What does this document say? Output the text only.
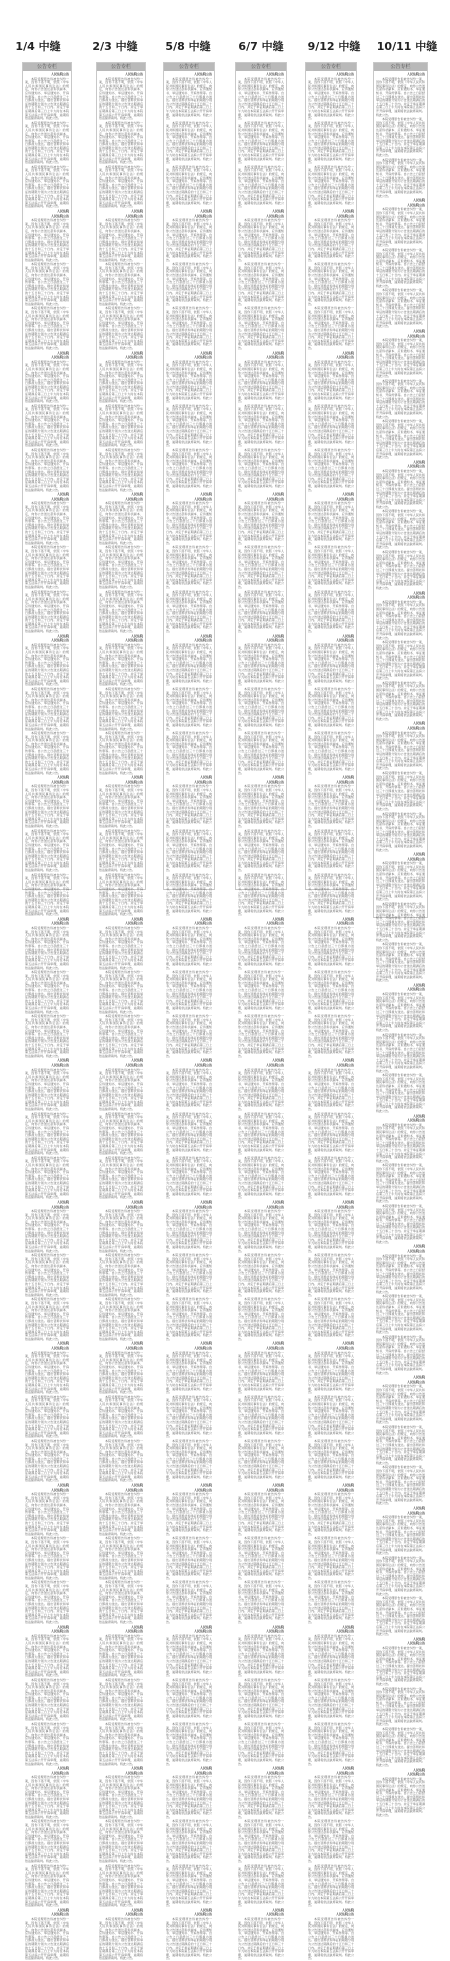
1/4 中缝	2/3 中缝	5/8 中缝	6/7 中缝	9/12 中缝	10/11 中缝
公告专栏

人民法院公告

本院受理原告诉被告纠纷一案，因你下落不明，依照《中华人民共和国民事诉讼法》的规定，向你公告送达起诉状副本、应诉通知书、举证通知书、开庭传票等。自公告之日起经过三十日即视为送达。提出答辩状和举证的期限分别为公告送达期满后的十五日和三十日内。并定于举证期满后第三日上午九时在本院第五法庭公开开庭审理，逾期将依法缺席裁判。特此公告。

本院受理原告诉被告纠纷一案，因你下落不明，依照《中华人民共和国民事诉讼法》的规定，向你公告送达起诉状副本、应诉通知书、举证通知书、开庭传票等。自公告之日起经过三十日即视为送达。提出答辩状和举证的期限分别为公告送达期满后的十五日和三十日内。并定于举证期满后第三日上午九时在本院第五法庭公开开庭审理，逾期将依法缺席裁判。特此公告。

本院受理原告诉被告纠纷一案，因你下落不明，依照《中华人民共和国民事诉讼法》的规定，向你公告送达起诉状副本、应诉通知书、举证通知书、开庭传票等。自公告之日起经过三十日即视为送达。提出答辩状和举证的期限分别为公告送达期满后的十五日和三十日内。并定于举证期满后第三日上午九时在本院第五法庭公开开庭审理，逾期将依法缺席裁判。特此公告。

人民法院

人民法院公告

本院受理原告诉被告纠纷一案，因你下落不明，依照《中华人民共和国民事诉讼法》的规定，向你公告送达起诉状副本、应诉通知书、举证通知书、开庭传票等。自公告之日起经过三十日即视为送达。提出答辩状和举证的期限分别为公告送达期满后的十五日和三十日内。并定于举证期满后第三日上午九时在本院第五法庭公开开庭审理，逾期将依法缺席裁判。特此公告。

本院受理原告诉被告纠纷一案，因你下落不明，依照《中华人民共和国民事诉讼法》的规定，向你公告送达起诉状副本、应诉通知书、举证通知书、开庭传票等。自公告之日起经过三十日即视为送达。提出答辩状和举证的期限分别为公告送达期满后的十五日和三十日内。并定于举证期满后第三日上午九时在本院第五法庭公开开庭审理，逾期将依法缺席裁判。特此公告。

本院受理原告诉被告纠纷一案，因你下落不明，依照《中华人民共和国民事诉讼法》的规定，向你公告送达起诉状副本、应诉通知书、举证通知书、开庭传票等。自公告之日起经过三十日即视为送达。提出答辩状和举证的期限分别为公告送达期满后的十五日和三十日内。并定于举证期满后第三日上午九时在本院第五法庭公开开庭审理，逾期将依法缺席裁判。特此公告。

人民法院

人民法院公告

本院受理原告诉被告纠纷一案，因你下落不明，依照《中华人民共和国民事诉讼法》的规定，向你公告送达起诉状副本、应诉通知书、举证通知书、开庭传票等。自公告之日起经过三十日即视为送达。提出答辩状和举证的期限分别为公告送达期满后的十五日和三十日内。并定于举证期满后第三日上午九时在本院第五法庭公开开庭审理，逾期将依法缺席裁判。特此公告。

本院受理原告诉被告纠纷一案，因你下落不明，依照《中华人民共和国民事诉讼法》的规定，向你公告送达起诉状副本、应诉通知书、举证通知书、开庭传票等。自公告之日起经过三十日即视为送达。提出答辩状和举证的期限分别为公告送达期满后的十五日和三十日内。并定于举证期满后第三日上午九时在本院第五法庭公开开庭审理，逾期将依法缺席裁判。特此公告。

本院受理原告诉被告纠纷一案，因你下落不明，依照《中华人民共和国民事诉讼法》的规定，向你公告送达起诉状副本、应诉通知书、举证通知书、开庭传票等。自公告之日起经过三十日即视为送达。提出答辩状和举证的期限分别为公告送达期满后的十五日和三十日内。并定于举证期满后第三日上午九时在本院第五法庭公开开庭审理，逾期将依法缺席裁判。特此公告。

人民法院

人民法院公告

本院受理原告诉被告纠纷一案，因你下落不明，依照《中华人民共和国民事诉讼法》的规定，向你公告送达起诉状副本、应诉通知书、举证通知书、开庭传票等。自公告之日起经过三十日即视为送达。提出答辩状和举证的期限分别为公告送达期满后的十五日和三十日内。并定于举证期满后第三日上午九时在本院第五法庭公开开庭审理，逾期将依法缺席裁判。特此公告。

本院受理原告诉被告纠纷一案，因你下落不明，依照《中华人民共和国民事诉讼法》的规定，向你公告送达起诉状副本、应诉通知书、举证通知书、开庭传票等。自公告之日起经过三十日即视为送达。提出答辩状和举证的期限分别为公告送达期满后的十五日和三十日内。并定于举证期满后第三日上午九时在本院第五法庭公开开庭审理，逾期将依法缺席裁判。特此公告。

本院受理原告诉被告纠纷一案，因你下落不明，依照《中华人民共和国民事诉讼法》的规定，向你公告送达起诉状副本、应诉通知书、举证通知书、开庭传票等。自公告之日起经过三十日即视为送达。提出答辩状和举证的期限分别为公告送达期满后的十五日和三十日内。并定于举证期满后第三日上午九时在本院第五法庭公开开庭审理，逾期将依法缺席裁判。特此公告。

人民法院

人民法院公告

本院受理原告诉被告纠纷一案，因你下落不明，依照《中华人民共和国民事诉讼法》的规定，向你公告送达起诉状副本、应诉通知书、举证通知书、开庭传票等。自公告之日起经过三十日即视为送达。提出答辩状和举证的期限分别为公告送达期满后的十五日和三十日内。并定于举证期满后第三日上午九时在本院第五法庭公开开庭审理，逾期将依法缺席裁判。特此公告。

本院受理原告诉被告纠纷一案，因你下落不明，依照《中华人民共和国民事诉讼法》的规定，向你公告送达起诉状副本、应诉通知书、举证通知书、开庭传票等。自公告之日起经过三十日即视为送达。提出答辩状和举证的期限分别为公告送达期满后的十五日和三十日内。并定于举证期满后第三日上午九时在本院第五法庭公开开庭审理，逾期将依法缺席裁判。特此公告。

本院受理原告诉被告纠纷一案，因你下落不明，依照《中华人民共和国民事诉讼法》的规定，向你公告送达起诉状副本、应诉通知书、举证通知书、开庭传票等。自公告之日起经过三十日即视为送达。提出答辩状和举证的期限分别为公告送达期满后的十五日和三十日内。并定于举证期满后第三日上午九时在本院第五法庭公开开庭审理，逾期将依法缺席裁判。特此公告。

人民法院

人民法院公告

本院受理原告诉被告纠纷一案，因你下落不明，依照《中华人民共和国民事诉讼法》的规定，向你公告送达起诉状副本、应诉通知书、举证通知书、开庭传票等。自公告之日起经过三十日即视为送达。提出答辩状和举证的期限分别为公告送达期满后的十五日和三十日内。并定于举证期满后第三日上午九时在本院第五法庭公开开庭审理，逾期将依法缺席裁判。特此公告。

本院受理原告诉被告纠纷一案，因你下落不明，依照《中华人民共和国民事诉讼法》的规定，向你公告送达起诉状副本、应诉通知书、举证通知书、开庭传票等。自公告之日起经过三十日即视为送达。提出答辩状和举证的期限分别为公告送达期满后的十五日和三十日内。并定于举证期满后第三日上午九时在本院第五法庭公开开庭审理，逾期将依法缺席裁判。特此公告。

本院受理原告诉被告纠纷一案，因你下落不明，依照《中华人民共和国民事诉讼法》的规定，向你公告送达起诉状副本、应诉通知书、举证通知书、开庭传票等。自公告之日起经过三十日即视为送达。提出答辩状和举证的期限分别为公告送达期满后的十五日和三十日内。并定于举证期满后第三日上午九时在本院第五法庭公开开庭审理，逾期将依法缺席裁判。特此公告。

人民法院

人民法院公告

本院受理原告诉被告纠纷一案，因你下落不明，依照《中华人民共和国民事诉讼法》的规定，向你公告送达起诉状副本、应诉通知书、举证通知书、开庭传票等。自公告之日起经过三十日即视为送达。提出答辩状和举证的期限分别为公告送达期满后的十五日和三十日内。并定于举证期满后第三日上午九时在本院第五法庭公开开庭审理，逾期将依法缺席裁判。特此公告。

本院受理原告诉被告纠纷一案，因你下落不明，依照《中华人民共和国民事诉讼法》的规定，向你公告送达起诉状副本、应诉通知书、举证通知书、开庭传票等。自公告之日起经过三十日即视为送达。提出答辩状和举证的期限分别为公告送达期满后的十五日和三十日内。并定于举证期满后第三日上午九时在本院第五法庭公开开庭审理，逾期将依法缺席裁判。特此公告。

本院受理原告诉被告纠纷一案，因你下落不明，依照《中华人民共和国民事诉讼法》的规定，向你公告送达起诉状副本、应诉通知书、举证通知书、开庭传票等。自公告之日起经过三十日即视为送达。提出答辩状和举证的期限分别为公告送达期满后的十五日和三十日内。并定于举证期满后第三日上午九时在本院第五法庭公开开庭审理，逾期将依法缺席裁判。特此公告。

人民法院

人民法院公告

本院受理原告诉被告纠纷一案，因你下落不明，依照《中华人民共和国民事诉讼法》的规定，向你公告送达起诉状副本、应诉通知书、举证通知书、开庭传票等。自公告之日起经过三十日即视为送达。提出答辩状和举证的期限分别为公告送达期满后的十五日和三十日内。并定于举证期满后第三日上午九时在本院第五法庭公开开庭审理，逾期将依法缺席裁判。特此公告。

本院受理原告诉被告纠纷一案，因你下落不明，依照《中华人民共和国民事诉讼法》的规定，向你公告送达起诉状副本、应诉通知书、举证通知书、开庭传票等。自公告之日起经过三十日即视为送达。提出答辩状和举证的期限分别为公告送达期满后的十五日和三十日内。并定于举证期满后第三日上午九时在本院第五法庭公开开庭审理，逾期将依法缺席裁判。特此公告。

本院受理原告诉被告纠纷一案，因你下落不明，依照《中华人民共和国民事诉讼法》的规定，向你公告送达起诉状副本、应诉通知书、举证通知书、开庭传票等。自公告之日起经过三十日即视为送达。提出答辩状和举证的期限分别为公告送达期满后的十五日和三十日内。并定于举证期满后第三日上午九时在本院第五法庭公开开庭审理，逾期将依法缺席裁判。特此公告。

人民法院

人民法院公告

本院受理原告诉被告纠纷一案，因你下落不明，依照《中华人民共和国民事诉讼法》的规定，向你公告送达起诉状副本、应诉通知书、举证通知书、开庭传票等。自公告之日起经过三十日即视为送达。提出答辩状和举证的期限分别为公告送达期满后的十五日和三十日内。并定于举证期满后第三日上午九时在本院第五法庭公开开庭审理，逾期将依法缺席裁判。特此公告。

本院受理原告诉被告纠纷一案，因你下落不明，依照《中华人民共和国民事诉讼法》的规定，向你公告送达起诉状副本、应诉通知书、举证通知书、开庭传票等。自公告之日起经过三十日即视为送达。提出答辩状和举证的期限分别为公告送达期满后的十五日和三十日内。并定于举证期满后第三日上午九时在本院第五法庭公开开庭审理，逾期将依法缺席裁判。特此公告。

本院受理原告诉被告纠纷一案，因你下落不明，依照《中华人民共和国民事诉讼法》的规定，向你公告送达起诉状副本、应诉通知书、举证通知书、开庭传票等。自公告之日起经过三十日即视为送达。提出答辩状和举证的期限分别为公告送达期满后的十五日和三十日内。并定于举证期满后第三日上午九时在本院第五法庭公开开庭审理，逾期将依法缺席裁判。特此公告。

人民法院

人民法院公告

本院受理原告诉被告纠纷一案，因你下落不明，依照《中华人民共和国民事诉讼法》的规定，向你公告送达起诉状副本、应诉通知书、举证通知书、开庭传票等。自公告之日起经过三十日即视为送达。提出答辩状和举证的期限分别为公告送达期满后的十五日和三十日内。并定于举证期满后第三日上午九时在本院第五法庭公开开庭审理，逾期将依法缺席裁判。特此公告。

本院受理原告诉被告纠纷一案，因你下落不明，依照《中华人民共和国民事诉讼法》的规定，向你公告送达起诉状副本、应诉通知书、举证通知书、开庭传票等。自公告之日起经过三十日即视为送达。提出答辩状和举证的期限分别为公告送达期满后的十五日和三十日内。并定于举证期满后第三日上午九时在本院第五法庭公开开庭审理，逾期将依法缺席裁判。特此公告。

本院受理原告诉被告纠纷一案，因你下落不明，依照《中华人民共和国民事诉讼法》的规定，向你公告送达起诉状副本、应诉通知书、举证通知书、开庭传票等。自公告之日起经过三十日即视为送达。提出答辩状和举证的期限分别为公告送达期满后的十五日和三十日内。并定于举证期满后第三日上午九时在本院第五法庭公开开庭审理，逾期将依法缺席裁判。特此公告。

人民法院

人民法院公告

本院受理原告诉被告纠纷一案，因你下落不明，依照《中华人民共和国民事诉讼法》的规定，向你公告送达起诉状副本、应诉通知书、举证通知书、开庭传票等。自公告之日起经过三十日即视为送达。提出答辩状和举证的期限分别为公告送达期满后的十五日和三十日内。并定于举证期满后第三日上午九时在本院第五法庭公开开庭审理，逾期将依法缺席裁判。特此公告。

本院受理原告诉被告纠纷一案，因你下落不明，依照《中华人民共和国民事诉讼法》的规定，向你公告送达起诉状副本、应诉通知书、举证通知书、开庭传票等。自公告之日起经过三十日即视为送达。提出答辩状和举证的期限分别为公告送达期满后的十五日和三十日内。并定于举证期满后第三日上午九时在本院第五法庭公开开庭审理，逾期将依法缺席裁判。特此公告。

本院受理原告诉被告纠纷一案，因你下落不明，依照《中华人民共和国民事诉讼法》的规定，向你公告送达起诉状副本、应诉通知书、举证通知书、开庭传票等。自公告之日起经过三十日即视为送达。提出答辩状和举证的期限分别为公告送达期满后的十五日和三十日内。并定于举证期满后第三日上午九时在本院第五法庭公开开庭审理，逾期将依法缺席裁判。特此公告。

人民法院

人民法院公告

本院受理原告诉被告纠纷一案，因你下落不明，依照《中华人民共和国民事诉讼法》的规定，向你公告送达起诉状副本、应诉通知书、举证通知书、开庭传票等。自公告之日起经过三十日即视为送达。提出答辩状和举证的期限分别为公告送达期满后的十五日和三十日内。并定于举证期满后第三日上午九时在本院第五法庭公开开庭审理，逾期将依法缺席裁判。特此公告。

本院受理原告诉被告纠纷一案，因你下落不明，依照《中华人民共和国民事诉讼法》的规定，向你公告送达起诉状副本、应诉通知书、举证通知书、开庭传票等。自公告之日起经过三十日即视为送达。提出答辩状和举证的期限分别为公告送达期满后的十五日和三十日内。并定于举证期满后第三日上午九时在本院第五法庭公开开庭审理，逾期将依法缺席裁判。特此公告。

本院受理原告诉被告纠纷一案，因你下落不明，依照《中华人民共和国民事诉讼法》的规定，向你公告送达起诉状副本、应诉通知书、举证通知书、开庭传票等。自公告之日起经过三十日即视为送达。提出答辩状和举证的期限分别为公告送达期满后的十五日和三十日内。并定于举证期满后第三日上午九时在本院第五法庭公开开庭审理，逾期将依法缺席裁判。特此公告。

人民法院

人民法院公告

本院受理原告诉被告纠纷一案，因你下落不明，依照《中华人民共和国民事诉讼法》的规定，向你公告送达起诉状副本、应诉通知书、举证通知书、开庭传票等。自公告之日起经过三十日即视为送达。提出答辩状和举证的期限分别为公告送达期满后的十五日和三十日内。并定于举证期满后第三日上午九时在本院第五法庭公开开庭审理，逾期将依法缺席裁判。特此公告。

本院受理原告诉被告纠纷一案，因你下落不明，依照《中华人民共和国民事诉讼法》的规定，向你公告送达起诉状副本、应诉通知书、举证通知书、开庭传票等。自公告之日起经过三十日即视为送达。提出答辩状和举证的期限分别为公告送达期满后的十五日和三十日内。并定于举证期满后第三日上午九时在本院第五法庭公开开庭审理，逾期将依法缺席裁判。特此公告。

本院受理原告诉被告纠纷一案，因你下落不明，依照《中华人民共和国民事诉讼法》的规定，向你公告送达起诉状副本、应诉通知书、举证通知书、开庭传票等。自公告之日起经过三十日即视为送达。提出答辩状和举证的期限分别为公告送达期满后的十五日和三十日内。并定于举证期满后第三日上午九时在本院第五法庭公开开庭审理，逾期将依法缺席裁判。特此公告。

人民法院

人民法院公告

本院受理原告诉被告纠纷一案，因你下落不明，依照《中华人民共和国民事诉讼法》的规定，向你公告送达起诉状副本、应诉通知书、举证通知书、开庭传票等。自公告之日起经过三十日即视为送达。提出答辩状和举证的期限分别为公告送达期满后的十五日和三十日内。并定于举证期满后第三日上午九时在本院第五法庭公开开庭审理，逾期将依法缺席裁判。特此公告。

公告专栏

人民法院公告

本院受理原告诉被告纠纷一案，因你下落不明，依照《中华人民共和国民事诉讼法》的规定，向你公告送达起诉状副本、应诉通知书、举证通知书、开庭传票等。自公告之日起经过三十日即视为送达。提出答辩状和举证的期限分别为公告送达期满后的十五日和三十日内。并定于举证期满后第三日上午九时在本院第五法庭公开开庭审理，逾期将依法缺席裁判。特此公告。

本院受理原告诉被告纠纷一案，因你下落不明，依照《中华人民共和国民事诉讼法》的规定，向你公告送达起诉状副本、应诉通知书、举证通知书、开庭传票等。自公告之日起经过三十日即视为送达。提出答辩状和举证的期限分别为公告送达期满后的十五日和三十日内。并定于举证期满后第三日上午九时在本院第五法庭公开开庭审理，逾期将依法缺席裁判。特此公告。

本院受理原告诉被告纠纷一案，因你下落不明，依照《中华人民共和国民事诉讼法》的规定，向你公告送达起诉状副本、应诉通知书、举证通知书、开庭传票等。自公告之日起经过三十日即视为送达。提出答辩状和举证的期限分别为公告送达期满后的十五日和三十日内。并定于举证期满后第三日上午九时在本院第五法庭公开开庭审理，逾期将依法缺席裁判。特此公告。

人民法院

人民法院公告

本院受理原告诉被告纠纷一案，因你下落不明，依照《中华人民共和国民事诉讼法》的规定，向你公告送达起诉状副本、应诉通知书、举证通知书、开庭传票等。自公告之日起经过三十日即视为送达。提出答辩状和举证的期限分别为公告送达期满后的十五日和三十日内。并定于举证期满后第三日上午九时在本院第五法庭公开开庭审理，逾期将依法缺席裁判。特此公告。

本院受理原告诉被告纠纷一案，因你下落不明，依照《中华人民共和国民事诉讼法》的规定，向你公告送达起诉状副本、应诉通知书、举证通知书、开庭传票等。自公告之日起经过三十日即视为送达。提出答辩状和举证的期限分别为公告送达期满后的十五日和三十日内。并定于举证期满后第三日上午九时在本院第五法庭公开开庭审理，逾期将依法缺席裁判。特此公告。

本院受理原告诉被告纠纷一案，因你下落不明，依照《中华人民共和国民事诉讼法》的规定，向你公告送达起诉状副本、应诉通知书、举证通知书、开庭传票等。自公告之日起经过三十日即视为送达。提出答辩状和举证的期限分别为公告送达期满后的十五日和三十日内。并定于举证期满后第三日上午九时在本院第五法庭公开开庭审理，逾期将依法缺席裁判。特此公告。

人民法院

人民法院公告

本院受理原告诉被告纠纷一案，因你下落不明，依照《中华人民共和国民事诉讼法》的规定，向你公告送达起诉状副本、应诉通知书、举证通知书、开庭传票等。自公告之日起经过三十日即视为送达。提出答辩状和举证的期限分别为公告送达期满后的十五日和三十日内。并定于举证期满后第三日上午九时在本院第五法庭公开开庭审理，逾期将依法缺席裁判。特此公告。

本院受理原告诉被告纠纷一案，因你下落不明，依照《中华人民共和国民事诉讼法》的规定，向你公告送达起诉状副本、应诉通知书、举证通知书、开庭传票等。自公告之日起经过三十日即视为送达。提出答辩状和举证的期限分别为公告送达期满后的十五日和三十日内。并定于举证期满后第三日上午九时在本院第五法庭公开开庭审理，逾期将依法缺席裁判。特此公告。

本院受理原告诉被告纠纷一案，因你下落不明，依照《中华人民共和国民事诉讼法》的规定，向你公告送达起诉状副本、应诉通知书、举证通知书、开庭传票等。自公告之日起经过三十日即视为送达。提出答辩状和举证的期限分别为公告送达期满后的十五日和三十日内。并定于举证期满后第三日上午九时在本院第五法庭公开开庭审理，逾期将依法缺席裁判。特此公告。

人民法院

人民法院公告

本院受理原告诉被告纠纷一案，因你下落不明，依照《中华人民共和国民事诉讼法》的规定，向你公告送达起诉状副本、应诉通知书、举证通知书、开庭传票等。自公告之日起经过三十日即视为送达。提出答辩状和举证的期限分别为公告送达期满后的十五日和三十日内。并定于举证期满后第三日上午九时在本院第五法庭公开开庭审理，逾期将依法缺席裁判。特此公告。

本院受理原告诉被告纠纷一案，因你下落不明，依照《中华人民共和国民事诉讼法》的规定，向你公告送达起诉状副本、应诉通知书、举证通知书、开庭传票等。自公告之日起经过三十日即视为送达。提出答辩状和举证的期限分别为公告送达期满后的十五日和三十日内。并定于举证期满后第三日上午九时在本院第五法庭公开开庭审理，逾期将依法缺席裁判。特此公告。

本院受理原告诉被告纠纷一案，因你下落不明，依照《中华人民共和国民事诉讼法》的规定，向你公告送达起诉状副本、应诉通知书、举证通知书、开庭传票等。自公告之日起经过三十日即视为送达。提出答辩状和举证的期限分别为公告送达期满后的十五日和三十日内。并定于举证期满后第三日上午九时在本院第五法庭公开开庭审理，逾期将依法缺席裁判。特此公告。

人民法院

人民法院公告

本院受理原告诉被告纠纷一案，因你下落不明，依照《中华人民共和国民事诉讼法》的规定，向你公告送达起诉状副本、应诉通知书、举证通知书、开庭传票等。自公告之日起经过三十日即视为送达。提出答辩状和举证的期限分别为公告送达期满后的十五日和三十日内。并定于举证期满后第三日上午九时在本院第五法庭公开开庭审理，逾期将依法缺席裁判。特此公告。

本院受理原告诉被告纠纷一案，因你下落不明，依照《中华人民共和国民事诉讼法》的规定，向你公告送达起诉状副本、应诉通知书、举证通知书、开庭传票等。自公告之日起经过三十日即视为送达。提出答辩状和举证的期限分别为公告送达期满后的十五日和三十日内。并定于举证期满后第三日上午九时在本院第五法庭公开开庭审理，逾期将依法缺席裁判。特此公告。

本院受理原告诉被告纠纷一案，因你下落不明，依照《中华人民共和国民事诉讼法》的规定，向你公告送达起诉状副本、应诉通知书、举证通知书、开庭传票等。自公告之日起经过三十日即视为送达。提出答辩状和举证的期限分别为公告送达期满后的十五日和三十日内。并定于举证期满后第三日上午九时在本院第五法庭公开开庭审理，逾期将依法缺席裁判。特此公告。

人民法院

人民法院公告

本院受理原告诉被告纠纷一案，因你下落不明，依照《中华人民共和国民事诉讼法》的规定，向你公告送达起诉状副本、应诉通知书、举证通知书、开庭传票等。自公告之日起经过三十日即视为送达。提出答辩状和举证的期限分别为公告送达期满后的十五日和三十日内。并定于举证期满后第三日上午九时在本院第五法庭公开开庭审理，逾期将依法缺席裁判。特此公告。

本院受理原告诉被告纠纷一案，因你下落不明，依照《中华人民共和国民事诉讼法》的规定，向你公告送达起诉状副本、应诉通知书、举证通知书、开庭传票等。自公告之日起经过三十日即视为送达。提出答辩状和举证的期限分别为公告送达期满后的十五日和三十日内。并定于举证期满后第三日上午九时在本院第五法庭公开开庭审理，逾期将依法缺席裁判。特此公告。

本院受理原告诉被告纠纷一案，因你下落不明，依照《中华人民共和国民事诉讼法》的规定，向你公告送达起诉状副本、应诉通知书、举证通知书、开庭传票等。自公告之日起经过三十日即视为送达。提出答辩状和举证的期限分别为公告送达期满后的十五日和三十日内。并定于举证期满后第三日上午九时在本院第五法庭公开开庭审理，逾期将依法缺席裁判。特此公告。

人民法院

人民法院公告

本院受理原告诉被告纠纷一案，因你下落不明，依照《中华人民共和国民事诉讼法》的规定，向你公告送达起诉状副本、应诉通知书、举证通知书、开庭传票等。自公告之日起经过三十日即视为送达。提出答辩状和举证的期限分别为公告送达期满后的十五日和三十日内。并定于举证期满后第三日上午九时在本院第五法庭公开开庭审理，逾期将依法缺席裁判。特此公告。

本院受理原告诉被告纠纷一案，因你下落不明，依照《中华人民共和国民事诉讼法》的规定，向你公告送达起诉状副本、应诉通知书、举证通知书、开庭传票等。自公告之日起经过三十日即视为送达。提出答辩状和举证的期限分别为公告送达期满后的十五日和三十日内。并定于举证期满后第三日上午九时在本院第五法庭公开开庭审理，逾期将依法缺席裁判。特此公告。

本院受理原告诉被告纠纷一案，因你下落不明，依照《中华人民共和国民事诉讼法》的规定，向你公告送达起诉状副本、应诉通知书、举证通知书、开庭传票等。自公告之日起经过三十日即视为送达。提出答辩状和举证的期限分别为公告送达期满后的十五日和三十日内。并定于举证期满后第三日上午九时在本院第五法庭公开开庭审理，逾期将依法缺席裁判。特此公告。

人民法院

人民法院公告

本院受理原告诉被告纠纷一案，因你下落不明，依照《中华人民共和国民事诉讼法》的规定，向你公告送达起诉状副本、应诉通知书、举证通知书、开庭传票等。自公告之日起经过三十日即视为送达。提出答辩状和举证的期限分别为公告送达期满后的十五日和三十日内。并定于举证期满后第三日上午九时在本院第五法庭公开开庭审理，逾期将依法缺席裁判。特此公告。

本院受理原告诉被告纠纷一案，因你下落不明，依照《中华人民共和国民事诉讼法》的规定，向你公告送达起诉状副本、应诉通知书、举证通知书、开庭传票等。自公告之日起经过三十日即视为送达。提出答辩状和举证的期限分别为公告送达期满后的十五日和三十日内。并定于举证期满后第三日上午九时在本院第五法庭公开开庭审理，逾期将依法缺席裁判。特此公告。

本院受理原告诉被告纠纷一案，因你下落不明，依照《中华人民共和国民事诉讼法》的规定，向你公告送达起诉状副本、应诉通知书、举证通知书、开庭传票等。自公告之日起经过三十日即视为送达。提出答辩状和举证的期限分别为公告送达期满后的十五日和三十日内。并定于举证期满后第三日上午九时在本院第五法庭公开开庭审理，逾期将依法缺席裁判。特此公告。

人民法院

人民法院公告

本院受理原告诉被告纠纷一案，因你下落不明，依照《中华人民共和国民事诉讼法》的规定，向你公告送达起诉状副本、应诉通知书、举证通知书、开庭传票等。自公告之日起经过三十日即视为送达。提出答辩状和举证的期限分别为公告送达期满后的十五日和三十日内。并定于举证期满后第三日上午九时在本院第五法庭公开开庭审理，逾期将依法缺席裁判。特此公告。

本院受理原告诉被告纠纷一案，因你下落不明，依照《中华人民共和国民事诉讼法》的规定，向你公告送达起诉状副本、应诉通知书、举证通知书、开庭传票等。自公告之日起经过三十日即视为送达。提出答辩状和举证的期限分别为公告送达期满后的十五日和三十日内。并定于举证期满后第三日上午九时在本院第五法庭公开开庭审理，逾期将依法缺席裁判。特此公告。

本院受理原告诉被告纠纷一案，因你下落不明，依照《中华人民共和国民事诉讼法》的规定，向你公告送达起诉状副本、应诉通知书、举证通知书、开庭传票等。自公告之日起经过三十日即视为送达。提出答辩状和举证的期限分别为公告送达期满后的十五日和三十日内。并定于举证期满后第三日上午九时在本院第五法庭公开开庭审理，逾期将依法缺席裁判。特此公告。

人民法院

人民法院公告

本院受理原告诉被告纠纷一案，因你下落不明，依照《中华人民共和国民事诉讼法》的规定，向你公告送达起诉状副本、应诉通知书、举证通知书、开庭传票等。自公告之日起经过三十日即视为送达。提出答辩状和举证的期限分别为公告送达期满后的十五日和三十日内。并定于举证期满后第三日上午九时在本院第五法庭公开开庭审理，逾期将依法缺席裁判。特此公告。

本院受理原告诉被告纠纷一案，因你下落不明，依照《中华人民共和国民事诉讼法》的规定，向你公告送达起诉状副本、应诉通知书、举证通知书、开庭传票等。自公告之日起经过三十日即视为送达。提出答辩状和举证的期限分别为公告送达期满后的十五日和三十日内。并定于举证期满后第三日上午九时在本院第五法庭公开开庭审理，逾期将依法缺席裁判。特此公告。

本院受理原告诉被告纠纷一案，因你下落不明，依照《中华人民共和国民事诉讼法》的规定，向你公告送达起诉状副本、应诉通知书、举证通知书、开庭传票等。自公告之日起经过三十日即视为送达。提出答辩状和举证的期限分别为公告送达期满后的十五日和三十日内。并定于举证期满后第三日上午九时在本院第五法庭公开开庭审理，逾期将依法缺席裁判。特此公告。

人民法院

人民法院公告

本院受理原告诉被告纠纷一案，因你下落不明，依照《中华人民共和国民事诉讼法》的规定，向你公告送达起诉状副本、应诉通知书、举证通知书、开庭传票等。自公告之日起经过三十日即视为送达。提出答辩状和举证的期限分别为公告送达期满后的十五日和三十日内。并定于举证期满后第三日上午九时在本院第五法庭公开开庭审理，逾期将依法缺席裁判。特此公告。

本院受理原告诉被告纠纷一案，因你下落不明，依照《中华人民共和国民事诉讼法》的规定，向你公告送达起诉状副本、应诉通知书、举证通知书、开庭传票等。自公告之日起经过三十日即视为送达。提出答辩状和举证的期限分别为公告送达期满后的十五日和三十日内。并定于举证期满后第三日上午九时在本院第五法庭公开开庭审理，逾期将依法缺席裁判。特此公告。

本院受理原告诉被告纠纷一案，因你下落不明，依照《中华人民共和国民事诉讼法》的规定，向你公告送达起诉状副本、应诉通知书、举证通知书、开庭传票等。自公告之日起经过三十日即视为送达。提出答辩状和举证的期限分别为公告送达期满后的十五日和三十日内。并定于举证期满后第三日上午九时在本院第五法庭公开开庭审理，逾期将依法缺席裁判。特此公告。

人民法院

人民法院公告

本院受理原告诉被告纠纷一案，因你下落不明，依照《中华人民共和国民事诉讼法》的规定，向你公告送达起诉状副本、应诉通知书、举证通知书、开庭传票等。自公告之日起经过三十日即视为送达。提出答辩状和举证的期限分别为公告送达期满后的十五日和三十日内。并定于举证期满后第三日上午九时在本院第五法庭公开开庭审理，逾期将依法缺席裁判。特此公告。

本院受理原告诉被告纠纷一案，因你下落不明，依照《中华人民共和国民事诉讼法》的规定，向你公告送达起诉状副本、应诉通知书、举证通知书、开庭传票等。自公告之日起经过三十日即视为送达。提出答辩状和举证的期限分别为公告送达期满后的十五日和三十日内。并定于举证期满后第三日上午九时在本院第五法庭公开开庭审理，逾期将依法缺席裁判。特此公告。

本院受理原告诉被告纠纷一案，因你下落不明，依照《中华人民共和国民事诉讼法》的规定，向你公告送达起诉状副本、应诉通知书、举证通知书、开庭传票等。自公告之日起经过三十日即视为送达。提出答辩状和举证的期限分别为公告送达期满后的十五日和三十日内。并定于举证期满后第三日上午九时在本院第五法庭公开开庭审理，逾期将依法缺席裁判。特此公告。

人民法院

人民法院公告

本院受理原告诉被告纠纷一案，因你下落不明，依照《中华人民共和国民事诉讼法》的规定，向你公告送达起诉状副本、应诉通知书、举证通知书、开庭传票等。自公告之日起经过三十日即视为送达。提出答辩状和举证的期限分别为公告送达期满后的十五日和三十日内。并定于举证期满后第三日上午九时在本院第五法庭公开开庭审理，逾期将依法缺席裁判。特此公告。

本院受理原告诉被告纠纷一案，因你下落不明，依照《中华人民共和国民事诉讼法》的规定，向你公告送达起诉状副本、应诉通知书、举证通知书、开庭传票等。自公告之日起经过三十日即视为送达。提出答辩状和举证的期限分别为公告送达期满后的十五日和三十日内。并定于举证期满后第三日上午九时在本院第五法庭公开开庭审理，逾期将依法缺席裁判。特此公告。

本院受理原告诉被告纠纷一案，因你下落不明，依照《中华人民共和国民事诉讼法》的规定，向你公告送达起诉状副本、应诉通知书、举证通知书、开庭传票等。自公告之日起经过三十日即视为送达。提出答辩状和举证的期限分别为公告送达期满后的十五日和三十日内。并定于举证期满后第三日上午九时在本院第五法庭公开开庭审理，逾期将依法缺席裁判。特此公告。

人民法院

人民法院公告

本院受理原告诉被告纠纷一案，因你下落不明，依照《中华人民共和国民事诉讼法》的规定，向你公告送达起诉状副本、应诉通知书、举证通知书、开庭传票等。自公告之日起经过三十日即视为送达。提出答辩状和举证的期限分别为公告送达期满后的十五日和三十日内。并定于举证期满后第三日上午九时在本院第五法庭公开开庭审理，逾期将依法缺席裁判。特此公告。

公告专栏

人民法院公告

本院受理原告诉被告纠纷一案，因你下落不明，依照《中华人民共和国民事诉讼法》的规定，向你公告送达起诉状副本、应诉通知书、举证通知书、开庭传票等。自公告之日起经过三十日即视为送达。提出答辩状和举证的期限分别为公告送达期满后的十五日和三十日内。并定于举证期满后第三日上午九时在本院第五法庭公开开庭审理，逾期将依法缺席裁判。特此公告。

本院受理原告诉被告纠纷一案，因你下落不明，依照《中华人民共和国民事诉讼法》的规定，向你公告送达起诉状副本、应诉通知书、举证通知书、开庭传票等。自公告之日起经过三十日即视为送达。提出答辩状和举证的期限分别为公告送达期满后的十五日和三十日内。并定于举证期满后第三日上午九时在本院第五法庭公开开庭审理，逾期将依法缺席裁判。特此公告。

本院受理原告诉被告纠纷一案，因你下落不明，依照《中华人民共和国民事诉讼法》的规定，向你公告送达起诉状副本、应诉通知书、举证通知书、开庭传票等。自公告之日起经过三十日即视为送达。提出答辩状和举证的期限分别为公告送达期满后的十五日和三十日内。并定于举证期满后第三日上午九时在本院第五法庭公开开庭审理，逾期将依法缺席裁判。特此公告。

人民法院

人民法院公告

本院受理原告诉被告纠纷一案，因你下落不明，依照《中华人民共和国民事诉讼法》的规定，向你公告送达起诉状副本、应诉通知书、举证通知书、开庭传票等。自公告之日起经过三十日即视为送达。提出答辩状和举证的期限分别为公告送达期满后的十五日和三十日内。并定于举证期满后第三日上午九时在本院第五法庭公开开庭审理，逾期将依法缺席裁判。特此公告。

本院受理原告诉被告纠纷一案，因你下落不明，依照《中华人民共和国民事诉讼法》的规定，向你公告送达起诉状副本、应诉通知书、举证通知书、开庭传票等。自公告之日起经过三十日即视为送达。提出答辩状和举证的期限分别为公告送达期满后的十五日和三十日内。并定于举证期满后第三日上午九时在本院第五法庭公开开庭审理，逾期将依法缺席裁判。特此公告。

本院受理原告诉被告纠纷一案，因你下落不明，依照《中华人民共和国民事诉讼法》的规定，向你公告送达起诉状副本、应诉通知书、举证通知书、开庭传票等。自公告之日起经过三十日即视为送达。提出答辩状和举证的期限分别为公告送达期满后的十五日和三十日内。并定于举证期满后第三日上午九时在本院第五法庭公开开庭审理，逾期将依法缺席裁判。特此公告。

人民法院

人民法院公告

本院受理原告诉被告纠纷一案，因你下落不明，依照《中华人民共和国民事诉讼法》的规定，向你公告送达起诉状副本、应诉通知书、举证通知书、开庭传票等。自公告之日起经过三十日即视为送达。提出答辩状和举证的期限分别为公告送达期满后的十五日和三十日内。并定于举证期满后第三日上午九时在本院第五法庭公开开庭审理，逾期将依法缺席裁判。特此公告。

本院受理原告诉被告纠纷一案，因你下落不明，依照《中华人民共和国民事诉讼法》的规定，向你公告送达起诉状副本、应诉通知书、举证通知书、开庭传票等。自公告之日起经过三十日即视为送达。提出答辩状和举证的期限分别为公告送达期满后的十五日和三十日内。并定于举证期满后第三日上午九时在本院第五法庭公开开庭审理，逾期将依法缺席裁判。特此公告。

本院受理原告诉被告纠纷一案，因你下落不明，依照《中华人民共和国民事诉讼法》的规定，向你公告送达起诉状副本、应诉通知书、举证通知书、开庭传票等。自公告之日起经过三十日即视为送达。提出答辩状和举证的期限分别为公告送达期满后的十五日和三十日内。并定于举证期满后第三日上午九时在本院第五法庭公开开庭审理，逾期将依法缺席裁判。特此公告。

人民法院

人民法院公告

本院受理原告诉被告纠纷一案，因你下落不明，依照《中华人民共和国民事诉讼法》的规定，向你公告送达起诉状副本、应诉通知书、举证通知书、开庭传票等。自公告之日起经过三十日即视为送达。提出答辩状和举证的期限分别为公告送达期满后的十五日和三十日内。并定于举证期满后第三日上午九时在本院第五法庭公开开庭审理，逾期将依法缺席裁判。特此公告。

本院受理原告诉被告纠纷一案，因你下落不明，依照《中华人民共和国民事诉讼法》的规定，向你公告送达起诉状副本、应诉通知书、举证通知书、开庭传票等。自公告之日起经过三十日即视为送达。提出答辩状和举证的期限分别为公告送达期满后的十五日和三十日内。并定于举证期满后第三日上午九时在本院第五法庭公开开庭审理，逾期将依法缺席裁判。特此公告。

本院受理原告诉被告纠纷一案，因你下落不明，依照《中华人民共和国民事诉讼法》的规定，向你公告送达起诉状副本、应诉通知书、举证通知书、开庭传票等。自公告之日起经过三十日即视为送达。提出答辩状和举证的期限分别为公告送达期满后的十五日和三十日内。并定于举证期满后第三日上午九时在本院第五法庭公开开庭审理，逾期将依法缺席裁判。特此公告。

人民法院

人民法院公告

本院受理原告诉被告纠纷一案，因你下落不明，依照《中华人民共和国民事诉讼法》的规定，向你公告送达起诉状副本、应诉通知书、举证通知书、开庭传票等。自公告之日起经过三十日即视为送达。提出答辩状和举证的期限分别为公告送达期满后的十五日和三十日内。并定于举证期满后第三日上午九时在本院第五法庭公开开庭审理，逾期将依法缺席裁判。特此公告。

本院受理原告诉被告纠纷一案，因你下落不明，依照《中华人民共和国民事诉讼法》的规定，向你公告送达起诉状副本、应诉通知书、举证通知书、开庭传票等。自公告之日起经过三十日即视为送达。提出答辩状和举证的期限分别为公告送达期满后的十五日和三十日内。并定于举证期满后第三日上午九时在本院第五法庭公开开庭审理，逾期将依法缺席裁判。特此公告。

本院受理原告诉被告纠纷一案，因你下落不明，依照《中华人民共和国民事诉讼法》的规定，向你公告送达起诉状副本、应诉通知书、举证通知书、开庭传票等。自公告之日起经过三十日即视为送达。提出答辩状和举证的期限分别为公告送达期满后的十五日和三十日内。并定于举证期满后第三日上午九时在本院第五法庭公开开庭审理，逾期将依法缺席裁判。特此公告。

人民法院

人民法院公告

本院受理原告诉被告纠纷一案，因你下落不明，依照《中华人民共和国民事诉讼法》的规定，向你公告送达起诉状副本、应诉通知书、举证通知书、开庭传票等。自公告之日起经过三十日即视为送达。提出答辩状和举证的期限分别为公告送达期满后的十五日和三十日内。并定于举证期满后第三日上午九时在本院第五法庭公开开庭审理，逾期将依法缺席裁判。特此公告。

本院受理原告诉被告纠纷一案，因你下落不明，依照《中华人民共和国民事诉讼法》的规定，向你公告送达起诉状副本、应诉通知书、举证通知书、开庭传票等。自公告之日起经过三十日即视为送达。提出答辩状和举证的期限分别为公告送达期满后的十五日和三十日内。并定于举证期满后第三日上午九时在本院第五法庭公开开庭审理，逾期将依法缺席裁判。特此公告。

本院受理原告诉被告纠纷一案，因你下落不明，依照《中华人民共和国民事诉讼法》的规定，向你公告送达起诉状副本、应诉通知书、举证通知书、开庭传票等。自公告之日起经过三十日即视为送达。提出答辩状和举证的期限分别为公告送达期满后的十五日和三十日内。并定于举证期满后第三日上午九时在本院第五法庭公开开庭审理，逾期将依法缺席裁判。特此公告。

人民法院

人民法院公告

本院受理原告诉被告纠纷一案，因你下落不明，依照《中华人民共和国民事诉讼法》的规定，向你公告送达起诉状副本、应诉通知书、举证通知书、开庭传票等。自公告之日起经过三十日即视为送达。提出答辩状和举证的期限分别为公告送达期满后的十五日和三十日内。并定于举证期满后第三日上午九时在本院第五法庭公开开庭审理，逾期将依法缺席裁判。特此公告。

本院受理原告诉被告纠纷一案，因你下落不明，依照《中华人民共和国民事诉讼法》的规定，向你公告送达起诉状副本、应诉通知书、举证通知书、开庭传票等。自公告之日起经过三十日即视为送达。提出答辩状和举证的期限分别为公告送达期满后的十五日和三十日内。并定于举证期满后第三日上午九时在本院第五法庭公开开庭审理，逾期将依法缺席裁判。特此公告。

本院受理原告诉被告纠纷一案，因你下落不明，依照《中华人民共和国民事诉讼法》的规定，向你公告送达起诉状副本、应诉通知书、举证通知书、开庭传票等。自公告之日起经过三十日即视为送达。提出答辩状和举证的期限分别为公告送达期满后的十五日和三十日内。并定于举证期满后第三日上午九时在本院第五法庭公开开庭审理，逾期将依法缺席裁判。特此公告。

人民法院

人民法院公告

本院受理原告诉被告纠纷一案，因你下落不明，依照《中华人民共和国民事诉讼法》的规定，向你公告送达起诉状副本、应诉通知书、举证通知书、开庭传票等。自公告之日起经过三十日即视为送达。提出答辩状和举证的期限分别为公告送达期满后的十五日和三十日内。并定于举证期满后第三日上午九时在本院第五法庭公开开庭审理，逾期将依法缺席裁判。特此公告。

本院受理原告诉被告纠纷一案，因你下落不明，依照《中华人民共和国民事诉讼法》的规定，向你公告送达起诉状副本、应诉通知书、举证通知书、开庭传票等。自公告之日起经过三十日即视为送达。提出答辩状和举证的期限分别为公告送达期满后的十五日和三十日内。并定于举证期满后第三日上午九时在本院第五法庭公开开庭审理，逾期将依法缺席裁判。特此公告。

本院受理原告诉被告纠纷一案，因你下落不明，依照《中华人民共和国民事诉讼法》的规定，向你公告送达起诉状副本、应诉通知书、举证通知书、开庭传票等。自公告之日起经过三十日即视为送达。提出答辩状和举证的期限分别为公告送达期满后的十五日和三十日内。并定于举证期满后第三日上午九时在本院第五法庭公开开庭审理，逾期将依法缺席裁判。特此公告。

人民法院

人民法院公告

本院受理原告诉被告纠纷一案，因你下落不明，依照《中华人民共和国民事诉讼法》的规定，向你公告送达起诉状副本、应诉通知书、举证通知书、开庭传票等。自公告之日起经过三十日即视为送达。提出答辩状和举证的期限分别为公告送达期满后的十五日和三十日内。并定于举证期满后第三日上午九时在本院第五法庭公开开庭审理，逾期将依法缺席裁判。特此公告。

本院受理原告诉被告纠纷一案，因你下落不明，依照《中华人民共和国民事诉讼法》的规定，向你公告送达起诉状副本、应诉通知书、举证通知书、开庭传票等。自公告之日起经过三十日即视为送达。提出答辩状和举证的期限分别为公告送达期满后的十五日和三十日内。并定于举证期满后第三日上午九时在本院第五法庭公开开庭审理，逾期将依法缺席裁判。特此公告。

本院受理原告诉被告纠纷一案，因你下落不明，依照《中华人民共和国民事诉讼法》的规定，向你公告送达起诉状副本、应诉通知书、举证通知书、开庭传票等。自公告之日起经过三十日即视为送达。提出答辩状和举证的期限分别为公告送达期满后的十五日和三十日内。并定于举证期满后第三日上午九时在本院第五法庭公开开庭审理，逾期将依法缺席裁判。特此公告。

人民法院

人民法院公告

本院受理原告诉被告纠纷一案，因你下落不明，依照《中华人民共和国民事诉讼法》的规定，向你公告送达起诉状副本、应诉通知书、举证通知书、开庭传票等。自公告之日起经过三十日即视为送达。提出答辩状和举证的期限分别为公告送达期满后的十五日和三十日内。并定于举证期满后第三日上午九时在本院第五法庭公开开庭审理，逾期将依法缺席裁判。特此公告。

本院受理原告诉被告纠纷一案，因你下落不明，依照《中华人民共和国民事诉讼法》的规定，向你公告送达起诉状副本、应诉通知书、举证通知书、开庭传票等。自公告之日起经过三十日即视为送达。提出答辩状和举证的期限分别为公告送达期满后的十五日和三十日内。并定于举证期满后第三日上午九时在本院第五法庭公开开庭审理，逾期将依法缺席裁判。特此公告。

本院受理原告诉被告纠纷一案，因你下落不明，依照《中华人民共和国民事诉讼法》的规定，向你公告送达起诉状副本、应诉通知书、举证通知书、开庭传票等。自公告之日起经过三十日即视为送达。提出答辩状和举证的期限分别为公告送达期满后的十五日和三十日内。并定于举证期满后第三日上午九时在本院第五法庭公开开庭审理，逾期将依法缺席裁判。特此公告。

人民法院

人民法院公告

本院受理原告诉被告纠纷一案，因你下落不明，依照《中华人民共和国民事诉讼法》的规定，向你公告送达起诉状副本、应诉通知书、举证通知书、开庭传票等。自公告之日起经过三十日即视为送达。提出答辩状和举证的期限分别为公告送达期满后的十五日和三十日内。并定于举证期满后第三日上午九时在本院第五法庭公开开庭审理，逾期将依法缺席裁判。特此公告。

本院受理原告诉被告纠纷一案，因你下落不明，依照《中华人民共和国民事诉讼法》的规定，向你公告送达起诉状副本、应诉通知书、举证通知书、开庭传票等。自公告之日起经过三十日即视为送达。提出答辩状和举证的期限分别为公告送达期满后的十五日和三十日内。并定于举证期满后第三日上午九时在本院第五法庭公开开庭审理，逾期将依法缺席裁判。特此公告。

本院受理原告诉被告纠纷一案，因你下落不明，依照《中华人民共和国民事诉讼法》的规定，向你公告送达起诉状副本、应诉通知书、举证通知书、开庭传票等。自公告之日起经过三十日即视为送达。提出答辩状和举证的期限分别为公告送达期满后的十五日和三十日内。并定于举证期满后第三日上午九时在本院第五法庭公开开庭审理，逾期将依法缺席裁判。特此公告。

人民法院

人民法院公告

本院受理原告诉被告纠纷一案，因你下落不明，依照《中华人民共和国民事诉讼法》的规定，向你公告送达起诉状副本、应诉通知书、举证通知书、开庭传票等。自公告之日起经过三十日即视为送达。提出答辩状和举证的期限分别为公告送达期满后的十五日和三十日内。并定于举证期满后第三日上午九时在本院第五法庭公开开庭审理，逾期将依法缺席裁判。特此公告。

本院受理原告诉被告纠纷一案，因你下落不明，依照《中华人民共和国民事诉讼法》的规定，向你公告送达起诉状副本、应诉通知书、举证通知书、开庭传票等。自公告之日起经过三十日即视为送达。提出答辩状和举证的期限分别为公告送达期满后的十五日和三十日内。并定于举证期满后第三日上午九时在本院第五法庭公开开庭审理，逾期将依法缺席裁判。特此公告。

本院受理原告诉被告纠纷一案，因你下落不明，依照《中华人民共和国民事诉讼法》的规定，向你公告送达起诉状副本、应诉通知书、举证通知书、开庭传票等。自公告之日起经过三十日即视为送达。提出答辩状和举证的期限分别为公告送达期满后的十五日和三十日内。并定于举证期满后第三日上午九时在本院第五法庭公开开庭审理，逾期将依法缺席裁判。特此公告。

人民法院

人民法院公告

本院受理原告诉被告纠纷一案，因你下落不明，依照《中华人民共和国民事诉讼法》的规定，向你公告送达起诉状副本、应诉通知书、举证通知书、开庭传票等。自公告之日起经过三十日即视为送达。提出答辩状和举证的期限分别为公告送达期满后的十五日和三十日内。并定于举证期满后第三日上午九时在本院第五法庭公开开庭审理，逾期将依法缺席裁判。特此公告。

本院受理原告诉被告纠纷一案，因你下落不明，依照《中华人民共和国民事诉讼法》的规定，向你公告送达起诉状副本、应诉通知书、举证通知书、开庭传票等。自公告之日起经过三十日即视为送达。提出答辩状和举证的期限分别为公告送达期满后的十五日和三十日内。并定于举证期满后第三日上午九时在本院第五法庭公开开庭审理，逾期将依法缺席裁判。特此公告。

本院受理原告诉被告纠纷一案，因你下落不明，依照《中华人民共和国民事诉讼法》的规定，向你公告送达起诉状副本、应诉通知书、举证通知书、开庭传票等。自公告之日起经过三十日即视为送达。提出答辩状和举证的期限分别为公告送达期满后的十五日和三十日内。并定于举证期满后第三日上午九时在本院第五法庭公开开庭审理，逾期将依法缺席裁判。特此公告。

人民法院

人民法院公告

本院受理原告诉被告纠纷一案，因你下落不明，依照《中华人民共和国民事诉讼法》的规定，向你公告送达起诉状副本、应诉通知书、举证通知书、开庭传票等。自公告之日起经过三十日即视为送达。提出答辩状和举证的期限分别为公告送达期满后的十五日和三十日内。并定于举证期满后第三日上午九时在本院第五法庭公开开庭审理，逾期将依法缺席裁判。特此公告。

公告专栏

人民法院公告

本院受理原告诉被告纠纷一案，因你下落不明，依照《中华人民共和国民事诉讼法》的规定，向你公告送达起诉状副本、应诉通知书、举证通知书、开庭传票等。自公告之日起经过三十日即视为送达。提出答辩状和举证的期限分别为公告送达期满后的十五日和三十日内。并定于举证期满后第三日上午九时在本院第五法庭公开开庭审理，逾期将依法缺席裁判。特此公告。

本院受理原告诉被告纠纷一案，因你下落不明，依照《中华人民共和国民事诉讼法》的规定，向你公告送达起诉状副本、应诉通知书、举证通知书、开庭传票等。自公告之日起经过三十日即视为送达。提出答辩状和举证的期限分别为公告送达期满后的十五日和三十日内。并定于举证期满后第三日上午九时在本院第五法庭公开开庭审理，逾期将依法缺席裁判。特此公告。

本院受理原告诉被告纠纷一案，因你下落不明，依照《中华人民共和国民事诉讼法》的规定，向你公告送达起诉状副本、应诉通知书、举证通知书、开庭传票等。自公告之日起经过三十日即视为送达。提出答辩状和举证的期限分别为公告送达期满后的十五日和三十日内。并定于举证期满后第三日上午九时在本院第五法庭公开开庭审理，逾期将依法缺席裁判。特此公告。

人民法院

人民法院公告

本院受理原告诉被告纠纷一案，因你下落不明，依照《中华人民共和国民事诉讼法》的规定，向你公告送达起诉状副本、应诉通知书、举证通知书、开庭传票等。自公告之日起经过三十日即视为送达。提出答辩状和举证的期限分别为公告送达期满后的十五日和三十日内。并定于举证期满后第三日上午九时在本院第五法庭公开开庭审理，逾期将依法缺席裁判。特此公告。

本院受理原告诉被告纠纷一案，因你下落不明，依照《中华人民共和国民事诉讼法》的规定，向你公告送达起诉状副本、应诉通知书、举证通知书、开庭传票等。自公告之日起经过三十日即视为送达。提出答辩状和举证的期限分别为公告送达期满后的十五日和三十日内。并定于举证期满后第三日上午九时在本院第五法庭公开开庭审理，逾期将依法缺席裁判。特此公告。

本院受理原告诉被告纠纷一案，因你下落不明，依照《中华人民共和国民事诉讼法》的规定，向你公告送达起诉状副本、应诉通知书、举证通知书、开庭传票等。自公告之日起经过三十日即视为送达。提出答辩状和举证的期限分别为公告送达期满后的十五日和三十日内。并定于举证期满后第三日上午九时在本院第五法庭公开开庭审理，逾期将依法缺席裁判。特此公告。

人民法院

人民法院公告

本院受理原告诉被告纠纷一案，因你下落不明，依照《中华人民共和国民事诉讼法》的规定，向你公告送达起诉状副本、应诉通知书、举证通知书、开庭传票等。自公告之日起经过三十日即视为送达。提出答辩状和举证的期限分别为公告送达期满后的十五日和三十日内。并定于举证期满后第三日上午九时在本院第五法庭公开开庭审理，逾期将依法缺席裁判。特此公告。

本院受理原告诉被告纠纷一案，因你下落不明，依照《中华人民共和国民事诉讼法》的规定，向你公告送达起诉状副本、应诉通知书、举证通知书、开庭传票等。自公告之日起经过三十日即视为送达。提出答辩状和举证的期限分别为公告送达期满后的十五日和三十日内。并定于举证期满后第三日上午九时在本院第五法庭公开开庭审理，逾期将依法缺席裁判。特此公告。

本院受理原告诉被告纠纷一案，因你下落不明，依照《中华人民共和国民事诉讼法》的规定，向你公告送达起诉状副本、应诉通知书、举证通知书、开庭传票等。自公告之日起经过三十日即视为送达。提出答辩状和举证的期限分别为公告送达期满后的十五日和三十日内。并定于举证期满后第三日上午九时在本院第五法庭公开开庭审理，逾期将依法缺席裁判。特此公告。

人民法院

人民法院公告

本院受理原告诉被告纠纷一案，因你下落不明，依照《中华人民共和国民事诉讼法》的规定，向你公告送达起诉状副本、应诉通知书、举证通知书、开庭传票等。自公告之日起经过三十日即视为送达。提出答辩状和举证的期限分别为公告送达期满后的十五日和三十日内。并定于举证期满后第三日上午九时在本院第五法庭公开开庭审理，逾期将依法缺席裁判。特此公告。

本院受理原告诉被告纠纷一案，因你下落不明，依照《中华人民共和国民事诉讼法》的规定，向你公告送达起诉状副本、应诉通知书、举证通知书、开庭传票等。自公告之日起经过三十日即视为送达。提出答辩状和举证的期限分别为公告送达期满后的十五日和三十日内。并定于举证期满后第三日上午九时在本院第五法庭公开开庭审理，逾期将依法缺席裁判。特此公告。

本院受理原告诉被告纠纷一案，因你下落不明，依照《中华人民共和国民事诉讼法》的规定，向你公告送达起诉状副本、应诉通知书、举证通知书、开庭传票等。自公告之日起经过三十日即视为送达。提出答辩状和举证的期限分别为公告送达期满后的十五日和三十日内。并定于举证期满后第三日上午九时在本院第五法庭公开开庭审理，逾期将依法缺席裁判。特此公告。

人民法院

人民法院公告

本院受理原告诉被告纠纷一案，因你下落不明，依照《中华人民共和国民事诉讼法》的规定，向你公告送达起诉状副本、应诉通知书、举证通知书、开庭传票等。自公告之日起经过三十日即视为送达。提出答辩状和举证的期限分别为公告送达期满后的十五日和三十日内。并定于举证期满后第三日上午九时在本院第五法庭公开开庭审理，逾期将依法缺席裁判。特此公告。

本院受理原告诉被告纠纷一案，因你下落不明，依照《中华人民共和国民事诉讼法》的规定，向你公告送达起诉状副本、应诉通知书、举证通知书、开庭传票等。自公告之日起经过三十日即视为送达。提出答辩状和举证的期限分别为公告送达期满后的十五日和三十日内。并定于举证期满后第三日上午九时在本院第五法庭公开开庭审理，逾期将依法缺席裁判。特此公告。

本院受理原告诉被告纠纷一案，因你下落不明，依照《中华人民共和国民事诉讼法》的规定，向你公告送达起诉状副本、应诉通知书、举证通知书、开庭传票等。自公告之日起经过三十日即视为送达。提出答辩状和举证的期限分别为公告送达期满后的十五日和三十日内。并定于举证期满后第三日上午九时在本院第五法庭公开开庭审理，逾期将依法缺席裁判。特此公告。

人民法院

人民法院公告

本院受理原告诉被告纠纷一案，因你下落不明，依照《中华人民共和国民事诉讼法》的规定，向你公告送达起诉状副本、应诉通知书、举证通知书、开庭传票等。自公告之日起经过三十日即视为送达。提出答辩状和举证的期限分别为公告送达期满后的十五日和三十日内。并定于举证期满后第三日上午九时在本院第五法庭公开开庭审理，逾期将依法缺席裁判。特此公告。

本院受理原告诉被告纠纷一案，因你下落不明，依照《中华人民共和国民事诉讼法》的规定，向你公告送达起诉状副本、应诉通知书、举证通知书、开庭传票等。自公告之日起经过三十日即视为送达。提出答辩状和举证的期限分别为公告送达期满后的十五日和三十日内。并定于举证期满后第三日上午九时在本院第五法庭公开开庭审理，逾期将依法缺席裁判。特此公告。

本院受理原告诉被告纠纷一案，因你下落不明，依照《中华人民共和国民事诉讼法》的规定，向你公告送达起诉状副本、应诉通知书、举证通知书、开庭传票等。自公告之日起经过三十日即视为送达。提出答辩状和举证的期限分别为公告送达期满后的十五日和三十日内。并定于举证期满后第三日上午九时在本院第五法庭公开开庭审理，逾期将依法缺席裁判。特此公告。

人民法院

人民法院公告

本院受理原告诉被告纠纷一案，因你下落不明，依照《中华人民共和国民事诉讼法》的规定，向你公告送达起诉状副本、应诉通知书、举证通知书、开庭传票等。自公告之日起经过三十日即视为送达。提出答辩状和举证的期限分别为公告送达期满后的十五日和三十日内。并定于举证期满后第三日上午九时在本院第五法庭公开开庭审理，逾期将依法缺席裁判。特此公告。

本院受理原告诉被告纠纷一案，因你下落不明，依照《中华人民共和国民事诉讼法》的规定，向你公告送达起诉状副本、应诉通知书、举证通知书、开庭传票等。自公告之日起经过三十日即视为送达。提出答辩状和举证的期限分别为公告送达期满后的十五日和三十日内。并定于举证期满后第三日上午九时在本院第五法庭公开开庭审理，逾期将依法缺席裁判。特此公告。

本院受理原告诉被告纠纷一案，因你下落不明，依照《中华人民共和国民事诉讼法》的规定，向你公告送达起诉状副本、应诉通知书、举证通知书、开庭传票等。自公告之日起经过三十日即视为送达。提出答辩状和举证的期限分别为公告送达期满后的十五日和三十日内。并定于举证期满后第三日上午九时在本院第五法庭公开开庭审理，逾期将依法缺席裁判。特此公告。

人民法院

人民法院公告

本院受理原告诉被告纠纷一案，因你下落不明，依照《中华人民共和国民事诉讼法》的规定，向你公告送达起诉状副本、应诉通知书、举证通知书、开庭传票等。自公告之日起经过三十日即视为送达。提出答辩状和举证的期限分别为公告送达期满后的十五日和三十日内。并定于举证期满后第三日上午九时在本院第五法庭公开开庭审理，逾期将依法缺席裁判。特此公告。

本院受理原告诉被告纠纷一案，因你下落不明，依照《中华人民共和国民事诉讼法》的规定，向你公告送达起诉状副本、应诉通知书、举证通知书、开庭传票等。自公告之日起经过三十日即视为送达。提出答辩状和举证的期限分别为公告送达期满后的十五日和三十日内。并定于举证期满后第三日上午九时在本院第五法庭公开开庭审理，逾期将依法缺席裁判。特此公告。

本院受理原告诉被告纠纷一案，因你下落不明，依照《中华人民共和国民事诉讼法》的规定，向你公告送达起诉状副本、应诉通知书、举证通知书、开庭传票等。自公告之日起经过三十日即视为送达。提出答辩状和举证的期限分别为公告送达期满后的十五日和三十日内。并定于举证期满后第三日上午九时在本院第五法庭公开开庭审理，逾期将依法缺席裁判。特此公告。

人民法院

人民法院公告

本院受理原告诉被告纠纷一案，因你下落不明，依照《中华人民共和国民事诉讼法》的规定，向你公告送达起诉状副本、应诉通知书、举证通知书、开庭传票等。自公告之日起经过三十日即视为送达。提出答辩状和举证的期限分别为公告送达期满后的十五日和三十日内。并定于举证期满后第三日上午九时在本院第五法庭公开开庭审理，逾期将依法缺席裁判。特此公告。

本院受理原告诉被告纠纷一案，因你下落不明，依照《中华人民共和国民事诉讼法》的规定，向你公告送达起诉状副本、应诉通知书、举证通知书、开庭传票等。自公告之日起经过三十日即视为送达。提出答辩状和举证的期限分别为公告送达期满后的十五日和三十日内。并定于举证期满后第三日上午九时在本院第五法庭公开开庭审理，逾期将依法缺席裁判。特此公告。

本院受理原告诉被告纠纷一案，因你下落不明，依照《中华人民共和国民事诉讼法》的规定，向你公告送达起诉状副本、应诉通知书、举证通知书、开庭传票等。自公告之日起经过三十日即视为送达。提出答辩状和举证的期限分别为公告送达期满后的十五日和三十日内。并定于举证期满后第三日上午九时在本院第五法庭公开开庭审理，逾期将依法缺席裁判。特此公告。

人民法院

人民法院公告

本院受理原告诉被告纠纷一案，因你下落不明，依照《中华人民共和国民事诉讼法》的规定，向你公告送达起诉状副本、应诉通知书、举证通知书、开庭传票等。自公告之日起经过三十日即视为送达。提出答辩状和举证的期限分别为公告送达期满后的十五日和三十日内。并定于举证期满后第三日上午九时在本院第五法庭公开开庭审理，逾期将依法缺席裁判。特此公告。

本院受理原告诉被告纠纷一案，因你下落不明，依照《中华人民共和国民事诉讼法》的规定，向你公告送达起诉状副本、应诉通知书、举证通知书、开庭传票等。自公告之日起经过三十日即视为送达。提出答辩状和举证的期限分别为公告送达期满后的十五日和三十日内。并定于举证期满后第三日上午九时在本院第五法庭公开开庭审理，逾期将依法缺席裁判。特此公告。

本院受理原告诉被告纠纷一案，因你下落不明，依照《中华人民共和国民事诉讼法》的规定，向你公告送达起诉状副本、应诉通知书、举证通知书、开庭传票等。自公告之日起经过三十日即视为送达。提出答辩状和举证的期限分别为公告送达期满后的十五日和三十日内。并定于举证期满后第三日上午九时在本院第五法庭公开开庭审理，逾期将依法缺席裁判。特此公告。

人民法院

人民法院公告

本院受理原告诉被告纠纷一案，因你下落不明，依照《中华人民共和国民事诉讼法》的规定，向你公告送达起诉状副本、应诉通知书、举证通知书、开庭传票等。自公告之日起经过三十日即视为送达。提出答辩状和举证的期限分别为公告送达期满后的十五日和三十日内。并定于举证期满后第三日上午九时在本院第五法庭公开开庭审理，逾期将依法缺席裁判。特此公告。

本院受理原告诉被告纠纷一案，因你下落不明，依照《中华人民共和国民事诉讼法》的规定，向你公告送达起诉状副本、应诉通知书、举证通知书、开庭传票等。自公告之日起经过三十日即视为送达。提出答辩状和举证的期限分别为公告送达期满后的十五日和三十日内。并定于举证期满后第三日上午九时在本院第五法庭公开开庭审理，逾期将依法缺席裁判。特此公告。

本院受理原告诉被告纠纷一案，因你下落不明，依照《中华人民共和国民事诉讼法》的规定，向你公告送达起诉状副本、应诉通知书、举证通知书、开庭传票等。自公告之日起经过三十日即视为送达。提出答辩状和举证的期限分别为公告送达期满后的十五日和三十日内。并定于举证期满后第三日上午九时在本院第五法庭公开开庭审理，逾期将依法缺席裁判。特此公告。

人民法院

人民法院公告

本院受理原告诉被告纠纷一案，因你下落不明，依照《中华人民共和国民事诉讼法》的规定，向你公告送达起诉状副本、应诉通知书、举证通知书、开庭传票等。自公告之日起经过三十日即视为送达。提出答辩状和举证的期限分别为公告送达期满后的十五日和三十日内。并定于举证期满后第三日上午九时在本院第五法庭公开开庭审理，逾期将依法缺席裁判。特此公告。

本院受理原告诉被告纠纷一案，因你下落不明，依照《中华人民共和国民事诉讼法》的规定，向你公告送达起诉状副本、应诉通知书、举证通知书、开庭传票等。自公告之日起经过三十日即视为送达。提出答辩状和举证的期限分别为公告送达期满后的十五日和三十日内。并定于举证期满后第三日上午九时在本院第五法庭公开开庭审理，逾期将依法缺席裁判。特此公告。

本院受理原告诉被告纠纷一案，因你下落不明，依照《中华人民共和国民事诉讼法》的规定，向你公告送达起诉状副本、应诉通知书、举证通知书、开庭传票等。自公告之日起经过三十日即视为送达。提出答辩状和举证的期限分别为公告送达期满后的十五日和三十日内。并定于举证期满后第三日上午九时在本院第五法庭公开开庭审理，逾期将依法缺席裁判。特此公告。

人民法院

人民法院公告

本院受理原告诉被告纠纷一案，因你下落不明，依照《中华人民共和国民事诉讼法》的规定，向你公告送达起诉状副本、应诉通知书、举证通知书、开庭传票等。自公告之日起经过三十日即视为送达。提出答辩状和举证的期限分别为公告送达期满后的十五日和三十日内。并定于举证期满后第三日上午九时在本院第五法庭公开开庭审理，逾期将依法缺席裁判。特此公告。

本院受理原告诉被告纠纷一案，因你下落不明，依照《中华人民共和国民事诉讼法》的规定，向你公告送达起诉状副本、应诉通知书、举证通知书、开庭传票等。自公告之日起经过三十日即视为送达。提出答辩状和举证的期限分别为公告送达期满后的十五日和三十日内。并定于举证期满后第三日上午九时在本院第五法庭公开开庭审理，逾期将依法缺席裁判。特此公告。

本院受理原告诉被告纠纷一案，因你下落不明，依照《中华人民共和国民事诉讼法》的规定，向你公告送达起诉状副本、应诉通知书、举证通知书、开庭传票等。自公告之日起经过三十日即视为送达。提出答辩状和举证的期限分别为公告送达期满后的十五日和三十日内。并定于举证期满后第三日上午九时在本院第五法庭公开开庭审理，逾期将依法缺席裁判。特此公告。

人民法院

人民法院公告

本院受理原告诉被告纠纷一案，因你下落不明，依照《中华人民共和国民事诉讼法》的规定，向你公告送达起诉状副本、应诉通知书、举证通知书、开庭传票等。自公告之日起经过三十日即视为送达。提出答辩状和举证的期限分别为公告送达期满后的十五日和三十日内。并定于举证期满后第三日上午九时在本院第五法庭公开开庭审理，逾期将依法缺席裁判。特此公告。

公告专栏

人民法院公告

本院受理原告诉被告纠纷一案，因你下落不明，依照《中华人民共和国民事诉讼法》的规定，向你公告送达起诉状副本、应诉通知书、举证通知书、开庭传票等。自公告之日起经过三十日即视为送达。提出答辩状和举证的期限分别为公告送达期满后的十五日和三十日内。并定于举证期满后第三日上午九时在本院第五法庭公开开庭审理，逾期将依法缺席裁判。特此公告。

本院受理原告诉被告纠纷一案，因你下落不明，依照《中华人民共和国民事诉讼法》的规定，向你公告送达起诉状副本、应诉通知书、举证通知书、开庭传票等。自公告之日起经过三十日即视为送达。提出答辩状和举证的期限分别为公告送达期满后的十五日和三十日内。并定于举证期满后第三日上午九时在本院第五法庭公开开庭审理，逾期将依法缺席裁判。特此公告。

本院受理原告诉被告纠纷一案，因你下落不明，依照《中华人民共和国民事诉讼法》的规定，向你公告送达起诉状副本、应诉通知书、举证通知书、开庭传票等。自公告之日起经过三十日即视为送达。提出答辩状和举证的期限分别为公告送达期满后的十五日和三十日内。并定于举证期满后第三日上午九时在本院第五法庭公开开庭审理，逾期将依法缺席裁判。特此公告。

人民法院

人民法院公告

本院受理原告诉被告纠纷一案，因你下落不明，依照《中华人民共和国民事诉讼法》的规定，向你公告送达起诉状副本、应诉通知书、举证通知书、开庭传票等。自公告之日起经过三十日即视为送达。提出答辩状和举证的期限分别为公告送达期满后的十五日和三十日内。并定于举证期满后第三日上午九时在本院第五法庭公开开庭审理，逾期将依法缺席裁判。特此公告。

本院受理原告诉被告纠纷一案，因你下落不明，依照《中华人民共和国民事诉讼法》的规定，向你公告送达起诉状副本、应诉通知书、举证通知书、开庭传票等。自公告之日起经过三十日即视为送达。提出答辩状和举证的期限分别为公告送达期满后的十五日和三十日内。并定于举证期满后第三日上午九时在本院第五法庭公开开庭审理，逾期将依法缺席裁判。特此公告。

本院受理原告诉被告纠纷一案，因你下落不明，依照《中华人民共和国民事诉讼法》的规定，向你公告送达起诉状副本、应诉通知书、举证通知书、开庭传票等。自公告之日起经过三十日即视为送达。提出答辩状和举证的期限分别为公告送达期满后的十五日和三十日内。并定于举证期满后第三日上午九时在本院第五法庭公开开庭审理，逾期将依法缺席裁判。特此公告。

人民法院

人民法院公告

本院受理原告诉被告纠纷一案，因你下落不明，依照《中华人民共和国民事诉讼法》的规定，向你公告送达起诉状副本、应诉通知书、举证通知书、开庭传票等。自公告之日起经过三十日即视为送达。提出答辩状和举证的期限分别为公告送达期满后的十五日和三十日内。并定于举证期满后第三日上午九时在本院第五法庭公开开庭审理，逾期将依法缺席裁判。特此公告。

本院受理原告诉被告纠纷一案，因你下落不明，依照《中华人民共和国民事诉讼法》的规定，向你公告送达起诉状副本、应诉通知书、举证通知书、开庭传票等。自公告之日起经过三十日即视为送达。提出答辩状和举证的期限分别为公告送达期满后的十五日和三十日内。并定于举证期满后第三日上午九时在本院第五法庭公开开庭审理，逾期将依法缺席裁判。特此公告。

本院受理原告诉被告纠纷一案，因你下落不明，依照《中华人民共和国民事诉讼法》的规定，向你公告送达起诉状副本、应诉通知书、举证通知书、开庭传票等。自公告之日起经过三十日即视为送达。提出答辩状和举证的期限分别为公告送达期满后的十五日和三十日内。并定于举证期满后第三日上午九时在本院第五法庭公开开庭审理，逾期将依法缺席裁判。特此公告。

人民法院

人民法院公告

本院受理原告诉被告纠纷一案，因你下落不明，依照《中华人民共和国民事诉讼法》的规定，向你公告送达起诉状副本、应诉通知书、举证通知书、开庭传票等。自公告之日起经过三十日即视为送达。提出答辩状和举证的期限分别为公告送达期满后的十五日和三十日内。并定于举证期满后第三日上午九时在本院第五法庭公开开庭审理，逾期将依法缺席裁判。特此公告。

本院受理原告诉被告纠纷一案，因你下落不明，依照《中华人民共和国民事诉讼法》的规定，向你公告送达起诉状副本、应诉通知书、举证通知书、开庭传票等。自公告之日起经过三十日即视为送达。提出答辩状和举证的期限分别为公告送达期满后的十五日和三十日内。并定于举证期满后第三日上午九时在本院第五法庭公开开庭审理，逾期将依法缺席裁判。特此公告。

本院受理原告诉被告纠纷一案，因你下落不明，依照《中华人民共和国民事诉讼法》的规定，向你公告送达起诉状副本、应诉通知书、举证通知书、开庭传票等。自公告之日起经过三十日即视为送达。提出答辩状和举证的期限分别为公告送达期满后的十五日和三十日内。并定于举证期满后第三日上午九时在本院第五法庭公开开庭审理，逾期将依法缺席裁判。特此公告。

人民法院

人民法院公告

本院受理原告诉被告纠纷一案，因你下落不明，依照《中华人民共和国民事诉讼法》的规定，向你公告送达起诉状副本、应诉通知书、举证通知书、开庭传票等。自公告之日起经过三十日即视为送达。提出答辩状和举证的期限分别为公告送达期满后的十五日和三十日内。并定于举证期满后第三日上午九时在本院第五法庭公开开庭审理，逾期将依法缺席裁判。特此公告。

本院受理原告诉被告纠纷一案，因你下落不明，依照《中华人民共和国民事诉讼法》的规定，向你公告送达起诉状副本、应诉通知书、举证通知书、开庭传票等。自公告之日起经过三十日即视为送达。提出答辩状和举证的期限分别为公告送达期满后的十五日和三十日内。并定于举证期满后第三日上午九时在本院第五法庭公开开庭审理，逾期将依法缺席裁判。特此公告。

本院受理原告诉被告纠纷一案，因你下落不明，依照《中华人民共和国民事诉讼法》的规定，向你公告送达起诉状副本、应诉通知书、举证通知书、开庭传票等。自公告之日起经过三十日即视为送达。提出答辩状和举证的期限分别为公告送达期满后的十五日和三十日内。并定于举证期满后第三日上午九时在本院第五法庭公开开庭审理，逾期将依法缺席裁判。特此公告。

人民法院

人民法院公告

本院受理原告诉被告纠纷一案，因你下落不明，依照《中华人民共和国民事诉讼法》的规定，向你公告送达起诉状副本、应诉通知书、举证通知书、开庭传票等。自公告之日起经过三十日即视为送达。提出答辩状和举证的期限分别为公告送达期满后的十五日和三十日内。并定于举证期满后第三日上午九时在本院第五法庭公开开庭审理，逾期将依法缺席裁判。特此公告。

本院受理原告诉被告纠纷一案，因你下落不明，依照《中华人民共和国民事诉讼法》的规定，向你公告送达起诉状副本、应诉通知书、举证通知书、开庭传票等。自公告之日起经过三十日即视为送达。提出答辩状和举证的期限分别为公告送达期满后的十五日和三十日内。并定于举证期满后第三日上午九时在本院第五法庭公开开庭审理，逾期将依法缺席裁判。特此公告。

本院受理原告诉被告纠纷一案，因你下落不明，依照《中华人民共和国民事诉讼法》的规定，向你公告送达起诉状副本、应诉通知书、举证通知书、开庭传票等。自公告之日起经过三十日即视为送达。提出答辩状和举证的期限分别为公告送达期满后的十五日和三十日内。并定于举证期满后第三日上午九时在本院第五法庭公开开庭审理，逾期将依法缺席裁判。特此公告。

人民法院

人民法院公告

本院受理原告诉被告纠纷一案，因你下落不明，依照《中华人民共和国民事诉讼法》的规定，向你公告送达起诉状副本、应诉通知书、举证通知书、开庭传票等。自公告之日起经过三十日即视为送达。提出答辩状和举证的期限分别为公告送达期满后的十五日和三十日内。并定于举证期满后第三日上午九时在本院第五法庭公开开庭审理，逾期将依法缺席裁判。特此公告。

本院受理原告诉被告纠纷一案，因你下落不明，依照《中华人民共和国民事诉讼法》的规定，向你公告送达起诉状副本、应诉通知书、举证通知书、开庭传票等。自公告之日起经过三十日即视为送达。提出答辩状和举证的期限分别为公告送达期满后的十五日和三十日内。并定于举证期满后第三日上午九时在本院第五法庭公开开庭审理，逾期将依法缺席裁判。特此公告。

本院受理原告诉被告纠纷一案，因你下落不明，依照《中华人民共和国民事诉讼法》的规定，向你公告送达起诉状副本、应诉通知书、举证通知书、开庭传票等。自公告之日起经过三十日即视为送达。提出答辩状和举证的期限分别为公告送达期满后的十五日和三十日内。并定于举证期满后第三日上午九时在本院第五法庭公开开庭审理，逾期将依法缺席裁判。特此公告。

人民法院

人民法院公告

本院受理原告诉被告纠纷一案，因你下落不明，依照《中华人民共和国民事诉讼法》的规定，向你公告送达起诉状副本、应诉通知书、举证通知书、开庭传票等。自公告之日起经过三十日即视为送达。提出答辩状和举证的期限分别为公告送达期满后的十五日和三十日内。并定于举证期满后第三日上午九时在本院第五法庭公开开庭审理，逾期将依法缺席裁判。特此公告。

本院受理原告诉被告纠纷一案，因你下落不明，依照《中华人民共和国民事诉讼法》的规定，向你公告送达起诉状副本、应诉通知书、举证通知书、开庭传票等。自公告之日起经过三十日即视为送达。提出答辩状和举证的期限分别为公告送达期满后的十五日和三十日内。并定于举证期满后第三日上午九时在本院第五法庭公开开庭审理，逾期将依法缺席裁判。特此公告。

本院受理原告诉被告纠纷一案，因你下落不明，依照《中华人民共和国民事诉讼法》的规定，向你公告送达起诉状副本、应诉通知书、举证通知书、开庭传票等。自公告之日起经过三十日即视为送达。提出答辩状和举证的期限分别为公告送达期满后的十五日和三十日内。并定于举证期满后第三日上午九时在本院第五法庭公开开庭审理，逾期将依法缺席裁判。特此公告。

人民法院

人民法院公告

本院受理原告诉被告纠纷一案，因你下落不明，依照《中华人民共和国民事诉讼法》的规定，向你公告送达起诉状副本、应诉通知书、举证通知书、开庭传票等。自公告之日起经过三十日即视为送达。提出答辩状和举证的期限分别为公告送达期满后的十五日和三十日内。并定于举证期满后第三日上午九时在本院第五法庭公开开庭审理，逾期将依法缺席裁判。特此公告。

本院受理原告诉被告纠纷一案，因你下落不明，依照《中华人民共和国民事诉讼法》的规定，向你公告送达起诉状副本、应诉通知书、举证通知书、开庭传票等。自公告之日起经过三十日即视为送达。提出答辩状和举证的期限分别为公告送达期满后的十五日和三十日内。并定于举证期满后第三日上午九时在本院第五法庭公开开庭审理，逾期将依法缺席裁判。特此公告。

本院受理原告诉被告纠纷一案，因你下落不明，依照《中华人民共和国民事诉讼法》的规定，向你公告送达起诉状副本、应诉通知书、举证通知书、开庭传票等。自公告之日起经过三十日即视为送达。提出答辩状和举证的期限分别为公告送达期满后的十五日和三十日内。并定于举证期满后第三日上午九时在本院第五法庭公开开庭审理，逾期将依法缺席裁判。特此公告。

人民法院

人民法院公告

本院受理原告诉被告纠纷一案，因你下落不明，依照《中华人民共和国民事诉讼法》的规定，向你公告送达起诉状副本、应诉通知书、举证通知书、开庭传票等。自公告之日起经过三十日即视为送达。提出答辩状和举证的期限分别为公告送达期满后的十五日和三十日内。并定于举证期满后第三日上午九时在本院第五法庭公开开庭审理，逾期将依法缺席裁判。特此公告。

本院受理原告诉被告纠纷一案，因你下落不明，依照《中华人民共和国民事诉讼法》的规定，向你公告送达起诉状副本、应诉通知书、举证通知书、开庭传票等。自公告之日起经过三十日即视为送达。提出答辩状和举证的期限分别为公告送达期满后的十五日和三十日内。并定于举证期满后第三日上午九时在本院第五法庭公开开庭审理，逾期将依法缺席裁判。特此公告。

本院受理原告诉被告纠纷一案，因你下落不明，依照《中华人民共和国民事诉讼法》的规定，向你公告送达起诉状副本、应诉通知书、举证通知书、开庭传票等。自公告之日起经过三十日即视为送达。提出答辩状和举证的期限分别为公告送达期满后的十五日和三十日内。并定于举证期满后第三日上午九时在本院第五法庭公开开庭审理，逾期将依法缺席裁判。特此公告。

人民法院

人民法院公告

本院受理原告诉被告纠纷一案，因你下落不明，依照《中华人民共和国民事诉讼法》的规定，向你公告送达起诉状副本、应诉通知书、举证通知书、开庭传票等。自公告之日起经过三十日即视为送达。提出答辩状和举证的期限分别为公告送达期满后的十五日和三十日内。并定于举证期满后第三日上午九时在本院第五法庭公开开庭审理，逾期将依法缺席裁判。特此公告。

本院受理原告诉被告纠纷一案，因你下落不明，依照《中华人民共和国民事诉讼法》的规定，向你公告送达起诉状副本、应诉通知书、举证通知书、开庭传票等。自公告之日起经过三十日即视为送达。提出答辩状和举证的期限分别为公告送达期满后的十五日和三十日内。并定于举证期满后第三日上午九时在本院第五法庭公开开庭审理，逾期将依法缺席裁判。特此公告。

本院受理原告诉被告纠纷一案，因你下落不明，依照《中华人民共和国民事诉讼法》的规定，向你公告送达起诉状副本、应诉通知书、举证通知书、开庭传票等。自公告之日起经过三十日即视为送达。提出答辩状和举证的期限分别为公告送达期满后的十五日和三十日内。并定于举证期满后第三日上午九时在本院第五法庭公开开庭审理，逾期将依法缺席裁判。特此公告。

人民法院

人民法院公告

本院受理原告诉被告纠纷一案，因你下落不明，依照《中华人民共和国民事诉讼法》的规定，向你公告送达起诉状副本、应诉通知书、举证通知书、开庭传票等。自公告之日起经过三十日即视为送达。提出答辩状和举证的期限分别为公告送达期满后的十五日和三十日内。并定于举证期满后第三日上午九时在本院第五法庭公开开庭审理，逾期将依法缺席裁判。特此公告。

本院受理原告诉被告纠纷一案，因你下落不明，依照《中华人民共和国民事诉讼法》的规定，向你公告送达起诉状副本、应诉通知书、举证通知书、开庭传票等。自公告之日起经过三十日即视为送达。提出答辩状和举证的期限分别为公告送达期满后的十五日和三十日内。并定于举证期满后第三日上午九时在本院第五法庭公开开庭审理，逾期将依法缺席裁判。特此公告。

本院受理原告诉被告纠纷一案，因你下落不明，依照《中华人民共和国民事诉讼法》的规定，向你公告送达起诉状副本、应诉通知书、举证通知书、开庭传票等。自公告之日起经过三十日即视为送达。提出答辩状和举证的期限分别为公告送达期满后的十五日和三十日内。并定于举证期满后第三日上午九时在本院第五法庭公开开庭审理，逾期将依法缺席裁判。特此公告。

人民法院

人民法院公告

本院受理原告诉被告纠纷一案，因你下落不明，依照《中华人民共和国民事诉讼法》的规定，向你公告送达起诉状副本、应诉通知书、举证通知书、开庭传票等。自公告之日起经过三十日即视为送达。提出答辩状和举证的期限分别为公告送达期满后的十五日和三十日内。并定于举证期满后第三日上午九时在本院第五法庭公开开庭审理，逾期将依法缺席裁判。特此公告。

本院受理原告诉被告纠纷一案，因你下落不明，依照《中华人民共和国民事诉讼法》的规定，向你公告送达起诉状副本、应诉通知书、举证通知书、开庭传票等。自公告之日起经过三十日即视为送达。提出答辩状和举证的期限分别为公告送达期满后的十五日和三十日内。并定于举证期满后第三日上午九时在本院第五法庭公开开庭审理，逾期将依法缺席裁判。特此公告。

本院受理原告诉被告纠纷一案，因你下落不明，依照《中华人民共和国民事诉讼法》的规定，向你公告送达起诉状副本、应诉通知书、举证通知书、开庭传票等。自公告之日起经过三十日即视为送达。提出答辩状和举证的期限分别为公告送达期满后的十五日和三十日内。并定于举证期满后第三日上午九时在本院第五法庭公开开庭审理，逾期将依法缺席裁判。特此公告。

人民法院

人民法院公告

本院受理原告诉被告纠纷一案，因你下落不明，依照《中华人民共和国民事诉讼法》的规定，向你公告送达起诉状副本、应诉通知书、举证通知书、开庭传票等。自公告之日起经过三十日即视为送达。提出答辩状和举证的期限分别为公告送达期满后的十五日和三十日内。并定于举证期满后第三日上午九时在本院第五法庭公开开庭审理，逾期将依法缺席裁判。特此公告。

公告专栏

人民法院公告

本院受理原告诉被告纠纷一案，因你下落不明，依照《中华人民共和国民事诉讼法》的规定，向你公告送达起诉状副本、应诉通知书、举证通知书、开庭传票等。自公告之日起经过三十日即视为送达。提出答辩状和举证的期限分别为公告送达期满后的十五日和三十日内。并定于举证期满后第三日上午九时在本院第五法庭公开开庭审理，逾期将依法缺席裁判。特此公告。

本院受理原告诉被告纠纷一案，因你下落不明，依照《中华人民共和国民事诉讼法》的规定，向你公告送达起诉状副本、应诉通知书、举证通知书、开庭传票等。自公告之日起经过三十日即视为送达。提出答辩状和举证的期限分别为公告送达期满后的十五日和三十日内。并定于举证期满后第三日上午九时在本院第五法庭公开开庭审理，逾期将依法缺席裁判。特此公告。

本院受理原告诉被告纠纷一案，因你下落不明，依照《中华人民共和国民事诉讼法》的规定，向你公告送达起诉状副本、应诉通知书、举证通知书、开庭传票等。自公告之日起经过三十日即视为送达。提出答辩状和举证的期限分别为公告送达期满后的十五日和三十日内。并定于举证期满后第三日上午九时在本院第五法庭公开开庭审理，逾期将依法缺席裁判。特此公告。

人民法院

人民法院公告

本院受理原告诉被告纠纷一案，因你下落不明，依照《中华人民共和国民事诉讼法》的规定，向你公告送达起诉状副本、应诉通知书、举证通知书、开庭传票等。自公告之日起经过三十日即视为送达。提出答辩状和举证的期限分别为公告送达期满后的十五日和三十日内。并定于举证期满后第三日上午九时在本院第五法庭公开开庭审理，逾期将依法缺席裁判。特此公告。

本院受理原告诉被告纠纷一案，因你下落不明，依照《中华人民共和国民事诉讼法》的规定，向你公告送达起诉状副本、应诉通知书、举证通知书、开庭传票等。自公告之日起经过三十日即视为送达。提出答辩状和举证的期限分别为公告送达期满后的十五日和三十日内。并定于举证期满后第三日上午九时在本院第五法庭公开开庭审理，逾期将依法缺席裁判。特此公告。

本院受理原告诉被告纠纷一案，因你下落不明，依照《中华人民共和国民事诉讼法》的规定，向你公告送达起诉状副本、应诉通知书、举证通知书、开庭传票等。自公告之日起经过三十日即视为送达。提出答辩状和举证的期限分别为公告送达期满后的十五日和三十日内。并定于举证期满后第三日上午九时在本院第五法庭公开开庭审理，逾期将依法缺席裁判。特此公告。

人民法院

人民法院公告

本院受理原告诉被告纠纷一案，因你下落不明，依照《中华人民共和国民事诉讼法》的规定，向你公告送达起诉状副本、应诉通知书、举证通知书、开庭传票等。自公告之日起经过三十日即视为送达。提出答辩状和举证的期限分别为公告送达期满后的十五日和三十日内。并定于举证期满后第三日上午九时在本院第五法庭公开开庭审理，逾期将依法缺席裁判。特此公告。

本院受理原告诉被告纠纷一案，因你下落不明，依照《中华人民共和国民事诉讼法》的规定，向你公告送达起诉状副本、应诉通知书、举证通知书、开庭传票等。自公告之日起经过三十日即视为送达。提出答辩状和举证的期限分别为公告送达期满后的十五日和三十日内。并定于举证期满后第三日上午九时在本院第五法庭公开开庭审理，逾期将依法缺席裁判。特此公告。

本院受理原告诉被告纠纷一案，因你下落不明，依照《中华人民共和国民事诉讼法》的规定，向你公告送达起诉状副本、应诉通知书、举证通知书、开庭传票等。自公告之日起经过三十日即视为送达。提出答辩状和举证的期限分别为公告送达期满后的十五日和三十日内。并定于举证期满后第三日上午九时在本院第五法庭公开开庭审理，逾期将依法缺席裁判。特此公告。

人民法院

人民法院公告

本院受理原告诉被告纠纷一案，因你下落不明，依照《中华人民共和国民事诉讼法》的规定，向你公告送达起诉状副本、应诉通知书、举证通知书、开庭传票等。自公告之日起经过三十日即视为送达。提出答辩状和举证的期限分别为公告送达期满后的十五日和三十日内。并定于举证期满后第三日上午九时在本院第五法庭公开开庭审理，逾期将依法缺席裁判。特此公告。

本院受理原告诉被告纠纷一案，因你下落不明，依照《中华人民共和国民事诉讼法》的规定，向你公告送达起诉状副本、应诉通知书、举证通知书、开庭传票等。自公告之日起经过三十日即视为送达。提出答辩状和举证的期限分别为公告送达期满后的十五日和三十日内。并定于举证期满后第三日上午九时在本院第五法庭公开开庭审理，逾期将依法缺席裁判。特此公告。

本院受理原告诉被告纠纷一案，因你下落不明，依照《中华人民共和国民事诉讼法》的规定，向你公告送达起诉状副本、应诉通知书、举证通知书、开庭传票等。自公告之日起经过三十日即视为送达。提出答辩状和举证的期限分别为公告送达期满后的十五日和三十日内。并定于举证期满后第三日上午九时在本院第五法庭公开开庭审理，逾期将依法缺席裁判。特此公告。

人民法院

人民法院公告

本院受理原告诉被告纠纷一案，因你下落不明，依照《中华人民共和国民事诉讼法》的规定，向你公告送达起诉状副本、应诉通知书、举证通知书、开庭传票等。自公告之日起经过三十日即视为送达。提出答辩状和举证的期限分别为公告送达期满后的十五日和三十日内。并定于举证期满后第三日上午九时在本院第五法庭公开开庭审理，逾期将依法缺席裁判。特此公告。

本院受理原告诉被告纠纷一案，因你下落不明，依照《中华人民共和国民事诉讼法》的规定，向你公告送达起诉状副本、应诉通知书、举证通知书、开庭传票等。自公告之日起经过三十日即视为送达。提出答辩状和举证的期限分别为公告送达期满后的十五日和三十日内。并定于举证期满后第三日上午九时在本院第五法庭公开开庭审理，逾期将依法缺席裁判。特此公告。

本院受理原告诉被告纠纷一案，因你下落不明，依照《中华人民共和国民事诉讼法》的规定，向你公告送达起诉状副本、应诉通知书、举证通知书、开庭传票等。自公告之日起经过三十日即视为送达。提出答辩状和举证的期限分别为公告送达期满后的十五日和三十日内。并定于举证期满后第三日上午九时在本院第五法庭公开开庭审理，逾期将依法缺席裁判。特此公告。

人民法院

人民法院公告

本院受理原告诉被告纠纷一案，因你下落不明，依照《中华人民共和国民事诉讼法》的规定，向你公告送达起诉状副本、应诉通知书、举证通知书、开庭传票等。自公告之日起经过三十日即视为送达。提出答辩状和举证的期限分别为公告送达期满后的十五日和三十日内。并定于举证期满后第三日上午九时在本院第五法庭公开开庭审理，逾期将依法缺席裁判。特此公告。

本院受理原告诉被告纠纷一案，因你下落不明，依照《中华人民共和国民事诉讼法》的规定，向你公告送达起诉状副本、应诉通知书、举证通知书、开庭传票等。自公告之日起经过三十日即视为送达。提出答辩状和举证的期限分别为公告送达期满后的十五日和三十日内。并定于举证期满后第三日上午九时在本院第五法庭公开开庭审理，逾期将依法缺席裁判。特此公告。

本院受理原告诉被告纠纷一案，因你下落不明，依照《中华人民共和国民事诉讼法》的规定，向你公告送达起诉状副本、应诉通知书、举证通知书、开庭传票等。自公告之日起经过三十日即视为送达。提出答辩状和举证的期限分别为公告送达期满后的十五日和三十日内。并定于举证期满后第三日上午九时在本院第五法庭公开开庭审理，逾期将依法缺席裁判。特此公告。

人民法院

人民法院公告

本院受理原告诉被告纠纷一案，因你下落不明，依照《中华人民共和国民事诉讼法》的规定，向你公告送达起诉状副本、应诉通知书、举证通知书、开庭传票等。自公告之日起经过三十日即视为送达。提出答辩状和举证的期限分别为公告送达期满后的十五日和三十日内。并定于举证期满后第三日上午九时在本院第五法庭公开开庭审理，逾期将依法缺席裁判。特此公告。

本院受理原告诉被告纠纷一案，因你下落不明，依照《中华人民共和国民事诉讼法》的规定，向你公告送达起诉状副本、应诉通知书、举证通知书、开庭传票等。自公告之日起经过三十日即视为送达。提出答辩状和举证的期限分别为公告送达期满后的十五日和三十日内。并定于举证期满后第三日上午九时在本院第五法庭公开开庭审理，逾期将依法缺席裁判。特此公告。

本院受理原告诉被告纠纷一案，因你下落不明，依照《中华人民共和国民事诉讼法》的规定，向你公告送达起诉状副本、应诉通知书、举证通知书、开庭传票等。自公告之日起经过三十日即视为送达。提出答辩状和举证的期限分别为公告送达期满后的十五日和三十日内。并定于举证期满后第三日上午九时在本院第五法庭公开开庭审理，逾期将依法缺席裁判。特此公告。

人民法院

人民法院公告

本院受理原告诉被告纠纷一案，因你下落不明，依照《中华人民共和国民事诉讼法》的规定，向你公告送达起诉状副本、应诉通知书、举证通知书、开庭传票等。自公告之日起经过三十日即视为送达。提出答辩状和举证的期限分别为公告送达期满后的十五日和三十日内。并定于举证期满后第三日上午九时在本院第五法庭公开开庭审理，逾期将依法缺席裁判。特此公告。

本院受理原告诉被告纠纷一案，因你下落不明，依照《中华人民共和国民事诉讼法》的规定，向你公告送达起诉状副本、应诉通知书、举证通知书、开庭传票等。自公告之日起经过三十日即视为送达。提出答辩状和举证的期限分别为公告送达期满后的十五日和三十日内。并定于举证期满后第三日上午九时在本院第五法庭公开开庭审理，逾期将依法缺席裁判。特此公告。

本院受理原告诉被告纠纷一案，因你下落不明，依照《中华人民共和国民事诉讼法》的规定，向你公告送达起诉状副本、应诉通知书、举证通知书、开庭传票等。自公告之日起经过三十日即视为送达。提出答辩状和举证的期限分别为公告送达期满后的十五日和三十日内。并定于举证期满后第三日上午九时在本院第五法庭公开开庭审理，逾期将依法缺席裁判。特此公告。

人民法院

人民法院公告

本院受理原告诉被告纠纷一案，因你下落不明，依照《中华人民共和国民事诉讼法》的规定，向你公告送达起诉状副本、应诉通知书、举证通知书、开庭传票等。自公告之日起经过三十日即视为送达。提出答辩状和举证的期限分别为公告送达期满后的十五日和三十日内。并定于举证期满后第三日上午九时在本院第五法庭公开开庭审理，逾期将依法缺席裁判。特此公告。

本院受理原告诉被告纠纷一案，因你下落不明，依照《中华人民共和国民事诉讼法》的规定，向你公告送达起诉状副本、应诉通知书、举证通知书、开庭传票等。自公告之日起经过三十日即视为送达。提出答辩状和举证的期限分别为公告送达期满后的十五日和三十日内。并定于举证期满后第三日上午九时在本院第五法庭公开开庭审理，逾期将依法缺席裁判。特此公告。

本院受理原告诉被告纠纷一案，因你下落不明，依照《中华人民共和国民事诉讼法》的规定，向你公告送达起诉状副本、应诉通知书、举证通知书、开庭传票等。自公告之日起经过三十日即视为送达。提出答辩状和举证的期限分别为公告送达期满后的十五日和三十日内。并定于举证期满后第三日上午九时在本院第五法庭公开开庭审理，逾期将依法缺席裁判。特此公告。

人民法院

人民法院公告

本院受理原告诉被告纠纷一案，因你下落不明，依照《中华人民共和国民事诉讼法》的规定，向你公告送达起诉状副本、应诉通知书、举证通知书、开庭传票等。自公告之日起经过三十日即视为送达。提出答辩状和举证的期限分别为公告送达期满后的十五日和三十日内。并定于举证期满后第三日上午九时在本院第五法庭公开开庭审理，逾期将依法缺席裁判。特此公告。

本院受理原告诉被告纠纷一案，因你下落不明，依照《中华人民共和国民事诉讼法》的规定，向你公告送达起诉状副本、应诉通知书、举证通知书、开庭传票等。自公告之日起经过三十日即视为送达。提出答辩状和举证的期限分别为公告送达期满后的十五日和三十日内。并定于举证期满后第三日上午九时在本院第五法庭公开开庭审理，逾期将依法缺席裁判。特此公告。

本院受理原告诉被告纠纷一案，因你下落不明，依照《中华人民共和国民事诉讼法》的规定，向你公告送达起诉状副本、应诉通知书、举证通知书、开庭传票等。自公告之日起经过三十日即视为送达。提出答辩状和举证的期限分别为公告送达期满后的十五日和三十日内。并定于举证期满后第三日上午九时在本院第五法庭公开开庭审理，逾期将依法缺席裁判。特此公告。

人民法院

人民法院公告

本院受理原告诉被告纠纷一案，因你下落不明，依照《中华人民共和国民事诉讼法》的规定，向你公告送达起诉状副本、应诉通知书、举证通知书、开庭传票等。自公告之日起经过三十日即视为送达。提出答辩状和举证的期限分别为公告送达期满后的十五日和三十日内。并定于举证期满后第三日上午九时在本院第五法庭公开开庭审理，逾期将依法缺席裁判。特此公告。

本院受理原告诉被告纠纷一案，因你下落不明，依照《中华人民共和国民事诉讼法》的规定，向你公告送达起诉状副本、应诉通知书、举证通知书、开庭传票等。自公告之日起经过三十日即视为送达。提出答辩状和举证的期限分别为公告送达期满后的十五日和三十日内。并定于举证期满后第三日上午九时在本院第五法庭公开开庭审理，逾期将依法缺席裁判。特此公告。

本院受理原告诉被告纠纷一案，因你下落不明，依照《中华人民共和国民事诉讼法》的规定，向你公告送达起诉状副本、应诉通知书、举证通知书、开庭传票等。自公告之日起经过三十日即视为送达。提出答辩状和举证的期限分别为公告送达期满后的十五日和三十日内。并定于举证期满后第三日上午九时在本院第五法庭公开开庭审理，逾期将依法缺席裁判。特此公告。

人民法院

人民法院公告

本院受理原告诉被告纠纷一案，因你下落不明，依照《中华人民共和国民事诉讼法》的规定，向你公告送达起诉状副本、应诉通知书、举证通知书、开庭传票等。自公告之日起经过三十日即视为送达。提出答辩状和举证的期限分别为公告送达期满后的十五日和三十日内。并定于举证期满后第三日上午九时在本院第五法庭公开开庭审理，逾期将依法缺席裁判。特此公告。

本院受理原告诉被告纠纷一案，因你下落不明，依照《中华人民共和国民事诉讼法》的规定，向你公告送达起诉状副本、应诉通知书、举证通知书、开庭传票等。自公告之日起经过三十日即视为送达。提出答辩状和举证的期限分别为公告送达期满后的十五日和三十日内。并定于举证期满后第三日上午九时在本院第五法庭公开开庭审理，逾期将依法缺席裁判。特此公告。

本院受理原告诉被告纠纷一案，因你下落不明，依照《中华人民共和国民事诉讼法》的规定，向你公告送达起诉状副本、应诉通知书、举证通知书、开庭传票等。自公告之日起经过三十日即视为送达。提出答辩状和举证的期限分别为公告送达期满后的十五日和三十日内。并定于举证期满后第三日上午九时在本院第五法庭公开开庭审理，逾期将依法缺席裁判。特此公告。

人民法院

人民法院公告

本院受理原告诉被告纠纷一案，因你下落不明，依照《中华人民共和国民事诉讼法》的规定，向你公告送达起诉状副本、应诉通知书、举证通知书、开庭传票等。自公告之日起经过三十日即视为送达。提出答辩状和举证的期限分别为公告送达期满后的十五日和三十日内。并定于举证期满后第三日上午九时在本院第五法庭公开开庭审理，逾期将依法缺席裁判。特此公告。

本院受理原告诉被告纠纷一案，因你下落不明，依照《中华人民共和国民事诉讼法》的规定，向你公告送达起诉状副本、应诉通知书、举证通知书、开庭传票等。自公告之日起经过三十日即视为送达。提出答辩状和举证的期限分别为公告送达期满后的十五日和三十日内。并定于举证期满后第三日上午九时在本院第五法庭公开开庭审理，逾期将依法缺席裁判。特此公告。

本院受理原告诉被告纠纷一案，因你下落不明，依照《中华人民共和国民事诉讼法》的规定，向你公告送达起诉状副本、应诉通知书、举证通知书、开庭传票等。自公告之日起经过三十日即视为送达。提出答辩状和举证的期限分别为公告送达期满后的十五日和三十日内。并定于举证期满后第三日上午九时在本院第五法庭公开开庭审理，逾期将依法缺席裁判。特此公告。

人民法院

人民法院公告

本院受理原告诉被告纠纷一案，因你下落不明，依照《中华人民共和国民事诉讼法》的规定，向你公告送达起诉状副本、应诉通知书、举证通知书、开庭传票等。自公告之日起经过三十日即视为送达。提出答辩状和举证的期限分别为公告送达期满后的十五日和三十日内。并定于举证期满后第三日上午九时在本院第五法庭公开开庭审理，逾期将依法缺席裁判。特此公告。
